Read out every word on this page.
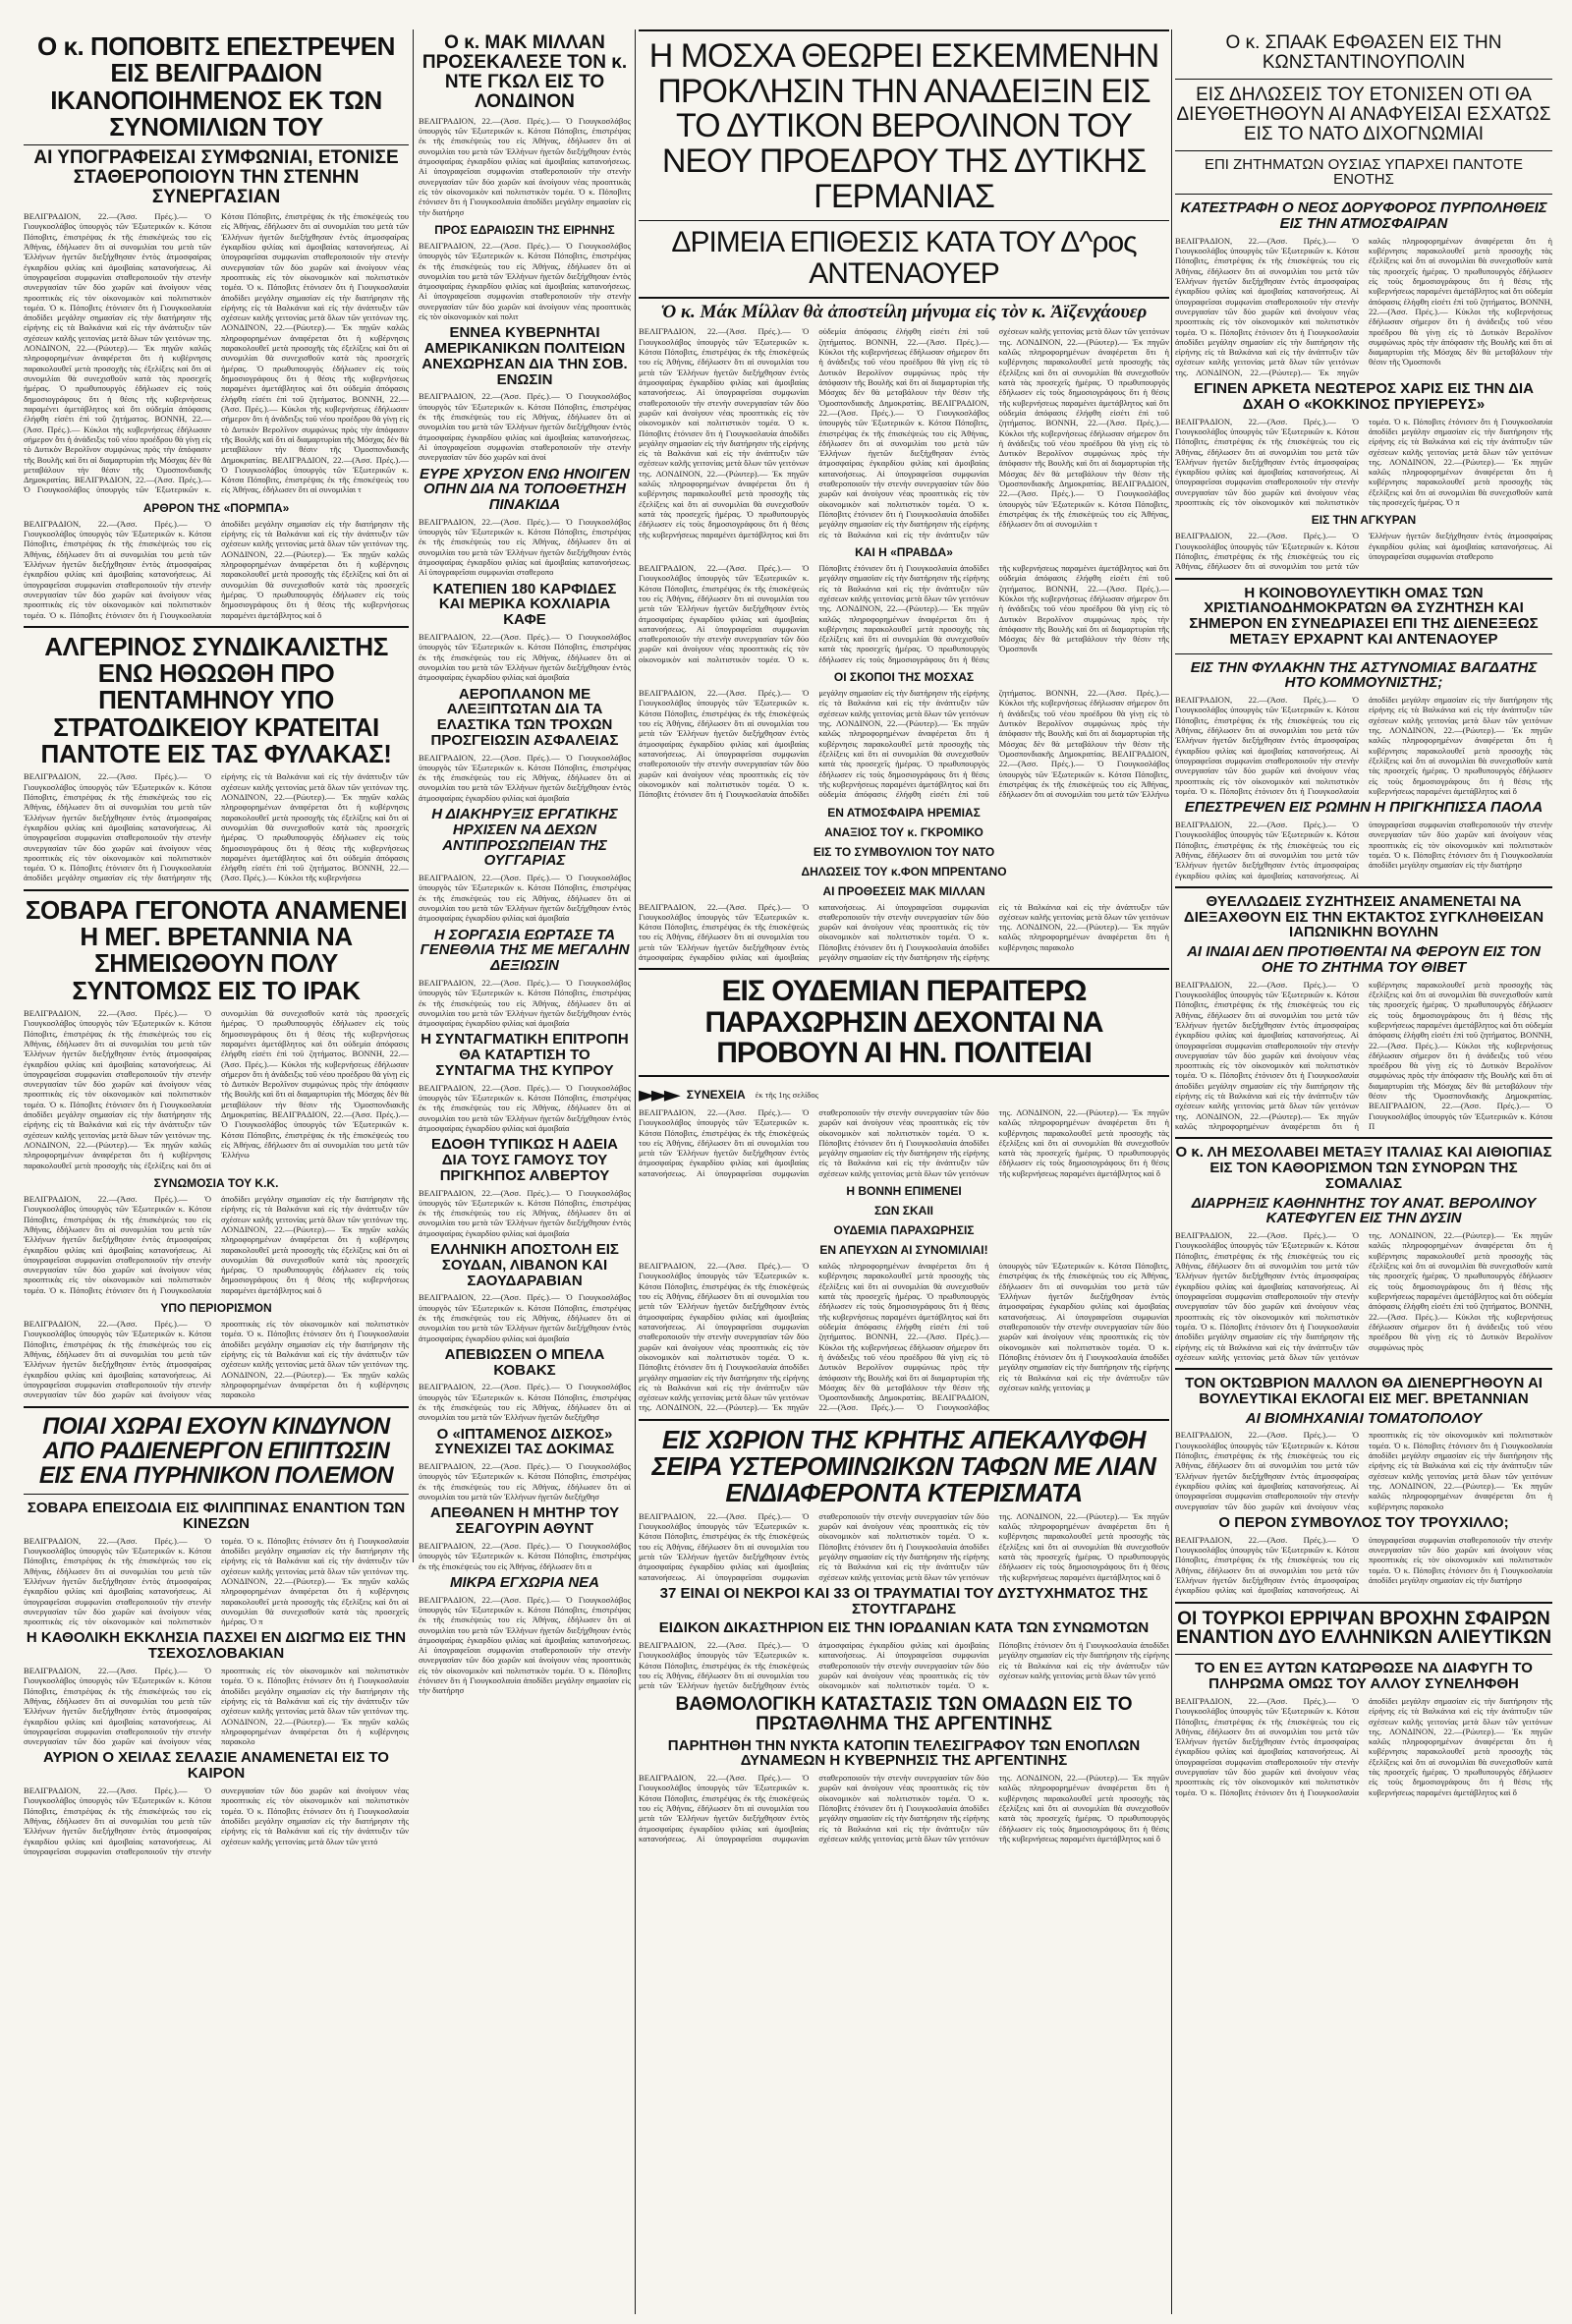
Ο κ. ΠΟΠΟΒΙΤΣ ΕΠΕΣΤΡΕΨΕΝ ΕΙΣ ΒΕΛΙΓΡΑΔΙΟΝ ΙΚΑΝΟΠΟΙΗΜΕΝΟΣ ΕΚ ΤΩΝ ΣΥΝΟΜΙΛΙΩΝ ΤΟΥ
ΑΙ ΥΠΟΓΡΑΦΕΙΣΑΙ ΣΥΜΦΩΝΙΑΙ, ΕΤΟΝΙΣΕ ΣΤΑΘΕΡΟΠΟΙΟΥΝ ΤΗΝ ΣΤΕΝΗΝ ΣΥΝΕΡΓΑΣΙΑΝ

ΒΕΛΙΓΡΑΔΙΟΝ, 22.—(Ἀσσ. Πρές.).— Ὁ Γιουγκοσλάβος ὑπουργὸς τῶν Ἐξωτερικῶν κ. Κότσα Πόποβιτς, ἐπιστρέψας ἐκ τῆς ἐπισκέψεώς του εἰς Ἀθήνας, ἐδήλωσεν ὅτι αἱ συνομιλίαι του μετὰ τῶν Ἑλλήνων ἡγετῶν διεξήχθησαν ἐντὸς ἀτμοσφαίρας ἐγκαρδίου φιλίας καὶ ἀμοιβαίας κατανοήσεως. Αἱ ὑπογραφεῖσαι συμφωνίαι σταθεροποιοῦν τὴν στενὴν συνεργασίαν τῶν δύο χωρῶν καὶ ἀνοίγουν νέας προοπτικὰς εἰς τὸν οἰκονομικὸν καὶ πολιτιστικὸν τομέα. Ὁ κ. Πόποβιτς ἐτόνισεν ὅτι ἡ Γιουγκοσλαυία ἀποδίδει μεγάλην σημασίαν εἰς τὴν διατήρησιν τῆς εἰρήνης εἰς τὰ Βαλκάνια καὶ εἰς τὴν ἀνάπτυξιν τῶν σχέσεων καλῆς γειτονίας μετὰ ὅλων τῶν γειτόνων της. ΛΟΝΔΙΝΟΝ, 22.—(Ρώυτερ).— Ἐκ πηγῶν καλῶς πληροφορημένων ἀναφέρεται ὅτι ἡ κυβέρνησις παρακολουθεῖ μετὰ προσοχῆς τὰς ἐξελίξεις καὶ ὅτι αἱ συνομιλίαι θὰ συνεχισθοῦν κατὰ τὰς προσεχεῖς ἡμέρας. Ὁ πρωθυπουργὸς ἐδήλωσεν εἰς τοὺς δημοσιογράφους ὅτι ἡ θέσις τῆς κυβερνήσεως παραμένει ἀμετάβλητος καὶ ὅτι οὐδεμία ἀπόφασις ἐλήφθη εἰσέτι ἐπὶ τοῦ ζητήματος. ΒΟΝΝΗ, 22.—(Ἀσσ. Πρές.).— Κύκλοι τῆς κυβερνήσεως ἐδήλωσαν σήμερον ὅτι ἡ ἀνάδειξις τοῦ νέου προέδρου θὰ γίνῃ εἰς τὸ Δυτικὸν Βερολῖνον συμφώνως πρὸς τὴν ἀπόφασιν τῆς Βουλῆς καὶ ὅτι αἱ διαμαρτυρίαι τῆς Μόσχας δὲν θὰ μεταβάλουν τὴν θέσιν τῆς Ὁμοσπονδιακῆς Δημοκρατίας. ΒΕΛΙΓΡΑΔΙΟΝ, 22.—(Ἀσσ. Πρές.).— Ὁ Γιουγκοσλάβος ὑπουργὸς τῶν Ἐξωτερικῶν κ. Κότσα Πόποβιτς, ἐπιστρέψας ἐκ τῆς ἐπισκέψεώς του εἰς Ἀθήνας, ἐδήλωσεν ὅτι αἱ συνομιλίαι του μετὰ τῶν Ἑλλήνων ἡγετῶν διεξήχθησαν ἐντὸς ἀτμοσφαίρας ἐγκαρδίου φιλίας καὶ ἀμοιβαίας κατανοήσεως. Αἱ ὑπογραφεῖσαι συμφωνίαι σταθεροποιοῦν τὴν στενὴν συνεργασίαν τῶν δύο χωρῶν καὶ ἀνοίγουν νέας προοπτικὰς εἰς τὸν οἰκονομικὸν καὶ πολιτιστικὸν τομέα. Ὁ κ. Πόποβιτς ἐτόνισεν ὅτι ἡ Γιουγκοσλαυία ἀποδίδει μεγάλην σημασίαν εἰς τὴν διατήρησιν τῆς εἰρήνης εἰς τὰ Βαλκάνια καὶ εἰς τὴν ἀνάπτυξιν τῶν σχέσεων καλῆς γειτονίας μετὰ ὅλων τῶν γειτόνων της. ΛΟΝΔΙΝΟΝ, 22.—(Ρώυτερ).— Ἐκ πηγῶν καλῶς πληροφορημένων ἀναφέρεται ὅτι ἡ κυβέρνησις παρακολουθεῖ μετὰ προσοχῆς τὰς ἐξελίξεις καὶ ὅτι αἱ συνομιλίαι θὰ συνεχισθοῦν κατὰ τὰς προσεχεῖς ἡμέρας. Ὁ πρωθυπουργὸς ἐδήλωσεν εἰς τοὺς δημοσιογράφους ὅτι ἡ θέσις τῆς κυβερνήσεως παραμένει ἀμετάβλητος καὶ ὅτι οὐδεμία ἀπόφασις ἐλήφθη εἰσέτι ἐπὶ τοῦ ζητήματος. ΒΟΝΝΗ, 22.—(Ἀσσ. Πρές.).— Κύκλοι τῆς κυβερνήσεως ἐδήλωσαν σήμερον ὅτι ἡ ἀνάδειξις τοῦ νέου προέδρου θὰ γίνῃ εἰς τὸ Δυτικὸν Βερολῖνον συμφώνως πρὸς τὴν ἀπόφασιν τῆς Βουλῆς καὶ ὅτι αἱ διαμαρτυρίαι τῆς Μόσχας δὲν θὰ μεταβάλουν τὴν θέσιν τῆς Ὁμοσπονδιακῆς Δημοκρατίας. ΒΕΛΙΓΡΑΔΙΟΝ, 22.—(Ἀσσ. Πρές.).— Ὁ Γιουγκοσλάβος ὑπουργὸς τῶν Ἐξωτερικῶν κ. Κότσα Πόποβιτς, ἐπιστρέψας ἐκ τῆς ἐπισκέψεώς του εἰς Ἀθήνας, ἐδήλωσεν ὅτι αἱ συνομιλίαι τ

ΑΡΘΡΟΝ ΤΗΣ «ΠΟΡΜΠΑ»

ΒΕΛΙΓΡΑΔΙΟΝ, 22.—(Ἀσσ. Πρές.).— Ὁ Γιουγκοσλάβος ὑπουργὸς τῶν Ἐξωτερικῶν κ. Κότσα Πόποβιτς, ἐπιστρέψας ἐκ τῆς ἐπισκέψεώς του εἰς Ἀθήνας, ἐδήλωσεν ὅτι αἱ συνομιλίαι του μετὰ τῶν Ἑλλήνων ἡγετῶν διεξήχθησαν ἐντὸς ἀτμοσφαίρας ἐγκαρδίου φιλίας καὶ ἀμοιβαίας κατανοήσεως. Αἱ ὑπογραφεῖσαι συμφωνίαι σταθεροποιοῦν τὴν στενὴν συνεργασίαν τῶν δύο χωρῶν καὶ ἀνοίγουν νέας προοπτικὰς εἰς τὸν οἰκονομικὸν καὶ πολιτιστικὸν τομέα. Ὁ κ. Πόποβιτς ἐτόνισεν ὅτι ἡ Γιουγκοσλαυία ἀποδίδει μεγάλην σημασίαν εἰς τὴν διατήρησιν τῆς εἰρήνης εἰς τὰ Βαλκάνια καὶ εἰς τὴν ἀνάπτυξιν τῶν σχέσεων καλῆς γειτονίας μετὰ ὅλων τῶν γειτόνων της. ΛΟΝΔΙΝΟΝ, 22.—(Ρώυτερ).— Ἐκ πηγῶν καλῶς πληροφορημένων ἀναφέρεται ὅτι ἡ κυβέρνησις παρακολουθεῖ μετὰ προσοχῆς τὰς ἐξελίξεις καὶ ὅτι αἱ συνομιλίαι θὰ συνεχισθοῦν κατὰ τὰς προσεχεῖς ἡμέρας. Ὁ πρωθυπουργὸς ἐδήλωσεν εἰς τοὺς δημοσιογράφους ὅτι ἡ θέσις τῆς κυβερνήσεως παραμένει ἀμετάβλητος καὶ ὅ

ΑΛΓΕΡΙΝΟΣ ΣΥΝΔΙΚΑΛΙΣΤΗΣ ΕΝΩ ΗΘΩΩΘΗ ΠΡΟ ΠΕΝΤΑΜΗΝΟΥ ΥΠΟ ΣΤΡΑΤΟΔΙΚΕΙΟΥ ΚΡΑΤΕΙΤΑΙ ΠΑΝΤΟΤΕ ΕΙΣ ΤΑΣ ΦΥΛΑΚΑΣ!

ΒΕΛΙΓΡΑΔΙΟΝ, 22.—(Ἀσσ. Πρές.).— Ὁ Γιουγκοσλάβος ὑπουργὸς τῶν Ἐξωτερικῶν κ. Κότσα Πόποβιτς, ἐπιστρέψας ἐκ τῆς ἐπισκέψεώς του εἰς Ἀθήνας, ἐδήλωσεν ὅτι αἱ συνομιλίαι του μετὰ τῶν Ἑλλήνων ἡγετῶν διεξήχθησαν ἐντὸς ἀτμοσφαίρας ἐγκαρδίου φιλίας καὶ ἀμοιβαίας κατανοήσεως. Αἱ ὑπογραφεῖσαι συμφωνίαι σταθεροποιοῦν τὴν στενὴν συνεργασίαν τῶν δύο χωρῶν καὶ ἀνοίγουν νέας προοπτικὰς εἰς τὸν οἰκονομικὸν καὶ πολιτιστικὸν τομέα. Ὁ κ. Πόποβιτς ἐτόνισεν ὅτι ἡ Γιουγκοσλαυία ἀποδίδει μεγάλην σημασίαν εἰς τὴν διατήρησιν τῆς εἰρήνης εἰς τὰ Βαλκάνια καὶ εἰς τὴν ἀνάπτυξιν τῶν σχέσεων καλῆς γειτονίας μετὰ ὅλων τῶν γειτόνων της. ΛΟΝΔΙΝΟΝ, 22.—(Ρώυτερ).— Ἐκ πηγῶν καλῶς πληροφορημένων ἀναφέρεται ὅτι ἡ κυβέρνησις παρακολουθεῖ μετὰ προσοχῆς τὰς ἐξελίξεις καὶ ὅτι αἱ συνομιλίαι θὰ συνεχισθοῦν κατὰ τὰς προσεχεῖς ἡμέρας. Ὁ πρωθυπουργὸς ἐδήλωσεν εἰς τοὺς δημοσιογράφους ὅτι ἡ θέσις τῆς κυβερνήσεως παραμένει ἀμετάβλητος καὶ ὅτι οὐδεμία ἀπόφασις ἐλήφθη εἰσέτι ἐπὶ τοῦ ζητήματος. ΒΟΝΝΗ, 22.—(Ἀσσ. Πρές.).— Κύκλοι τῆς κυβερνήσεω

ΣΟΒΑΡΑ ΓΕΓΟΝΟΤΑ ΑΝΑΜΕΝΕΙ Η ΜΕΓ. ΒΡΕΤΑΝΝΙΑ ΝΑ ΣΗΜΕΙΩΘΟΥΝ ΠΟΛΥ ΣΥΝΤΟΜΩΣ ΕΙΣ ΤΟ ΙΡΑΚ

ΒΕΛΙΓΡΑΔΙΟΝ, 22.—(Ἀσσ. Πρές.).— Ὁ Γιουγκοσλάβος ὑπουργὸς τῶν Ἐξωτερικῶν κ. Κότσα Πόποβιτς, ἐπιστρέψας ἐκ τῆς ἐπισκέψεώς του εἰς Ἀθήνας, ἐδήλωσεν ὅτι αἱ συνομιλίαι του μετὰ τῶν Ἑλλήνων ἡγετῶν διεξήχθησαν ἐντὸς ἀτμοσφαίρας ἐγκαρδίου φιλίας καὶ ἀμοιβαίας κατανοήσεως. Αἱ ὑπογραφεῖσαι συμφωνίαι σταθεροποιοῦν τὴν στενὴν συνεργασίαν τῶν δύο χωρῶν καὶ ἀνοίγουν νέας προοπτικὰς εἰς τὸν οἰκονομικὸν καὶ πολιτιστικὸν τομέα. Ὁ κ. Πόποβιτς ἐτόνισεν ὅτι ἡ Γιουγκοσλαυία ἀποδίδει μεγάλην σημασίαν εἰς τὴν διατήρησιν τῆς εἰρήνης εἰς τὰ Βαλκάνια καὶ εἰς τὴν ἀνάπτυξιν τῶν σχέσεων καλῆς γειτονίας μετὰ ὅλων τῶν γειτόνων της. ΛΟΝΔΙΝΟΝ, 22.—(Ρώυτερ).— Ἐκ πηγῶν καλῶς πληροφορημένων ἀναφέρεται ὅτι ἡ κυβέρνησις παρακολουθεῖ μετὰ προσοχῆς τὰς ἐξελίξεις καὶ ὅτι αἱ συνομιλίαι θὰ συνεχισθοῦν κατὰ τὰς προσεχεῖς ἡμέρας. Ὁ πρωθυπουργὸς ἐδήλωσεν εἰς τοὺς δημοσιογράφους ὅτι ἡ θέσις τῆς κυβερνήσεως παραμένει ἀμετάβλητος καὶ ὅτι οὐδεμία ἀπόφασις ἐλήφθη εἰσέτι ἐπὶ τοῦ ζητήματος. ΒΟΝΝΗ, 22.—(Ἀσσ. Πρές.).— Κύκλοι τῆς κυβερνήσεως ἐδήλωσαν σήμερον ὅτι ἡ ἀνάδειξις τοῦ νέου προέδρου θὰ γίνῃ εἰς τὸ Δυτικὸν Βερολῖνον συμφώνως πρὸς τὴν ἀπόφασιν τῆς Βουλῆς καὶ ὅτι αἱ διαμαρτυρίαι τῆς Μόσχας δὲν θὰ μεταβάλουν τὴν θέσιν τῆς Ὁμοσπονδιακῆς Δημοκρατίας. ΒΕΛΙΓΡΑΔΙΟΝ, 22.—(Ἀσσ. Πρές.).— Ὁ Γιουγκοσλάβος ὑπουργὸς τῶν Ἐξωτερικῶν κ. Κότσα Πόποβιτς, ἐπιστρέψας ἐκ τῆς ἐπισκέψεώς του εἰς Ἀθήνας, ἐδήλωσεν ὅτι αἱ συνομιλίαι του μετὰ τῶν Ἑλλήνω

ΣΥΝΩΜΟΣΙΑ ΤΟΥ Κ.Κ.

ΒΕΛΙΓΡΑΔΙΟΝ, 22.—(Ἀσσ. Πρές.).— Ὁ Γιουγκοσλάβος ὑπουργὸς τῶν Ἐξωτερικῶν κ. Κότσα Πόποβιτς, ἐπιστρέψας ἐκ τῆς ἐπισκέψεώς του εἰς Ἀθήνας, ἐδήλωσεν ὅτι αἱ συνομιλίαι του μετὰ τῶν Ἑλλήνων ἡγετῶν διεξήχθησαν ἐντὸς ἀτμοσφαίρας ἐγκαρδίου φιλίας καὶ ἀμοιβαίας κατανοήσεως. Αἱ ὑπογραφεῖσαι συμφωνίαι σταθεροποιοῦν τὴν στενὴν συνεργασίαν τῶν δύο χωρῶν καὶ ἀνοίγουν νέας προοπτικὰς εἰς τὸν οἰκονομικὸν καὶ πολιτιστικὸν τομέα. Ὁ κ. Πόποβιτς ἐτόνισεν ὅτι ἡ Γιουγκοσλαυία ἀποδίδει μεγάλην σημασίαν εἰς τὴν διατήρησιν τῆς εἰρήνης εἰς τὰ Βαλκάνια καὶ εἰς τὴν ἀνάπτυξιν τῶν σχέσεων καλῆς γειτονίας μετὰ ὅλων τῶν γειτόνων της. ΛΟΝΔΙΝΟΝ, 22.—(Ρώυτερ).— Ἐκ πηγῶν καλῶς πληροφορημένων ἀναφέρεται ὅτι ἡ κυβέρνησις παρακολουθεῖ μετὰ προσοχῆς τὰς ἐξελίξεις καὶ ὅτι αἱ συνομιλίαι θὰ συνεχισθοῦν κατὰ τὰς προσεχεῖς ἡμέρας. Ὁ πρωθυπουργὸς ἐδήλωσεν εἰς τοὺς δημοσιογράφους ὅτι ἡ θέσις τῆς κυβερνήσεως παραμένει ἀμετάβλητος καὶ ὅ

ΥΠΟ ΠΕΡΙΟΡΙΣΜΟΝ

ΒΕΛΙΓΡΑΔΙΟΝ, 22.—(Ἀσσ. Πρές.).— Ὁ Γιουγκοσλάβος ὑπουργὸς τῶν Ἐξωτερικῶν κ. Κότσα Πόποβιτς, ἐπιστρέψας ἐκ τῆς ἐπισκέψεώς του εἰς Ἀθήνας, ἐδήλωσεν ὅτι αἱ συνομιλίαι του μετὰ τῶν Ἑλλήνων ἡγετῶν διεξήχθησαν ἐντὸς ἀτμοσφαίρας ἐγκαρδίου φιλίας καὶ ἀμοιβαίας κατανοήσεως. Αἱ ὑπογραφεῖσαι συμφωνίαι σταθεροποιοῦν τὴν στενὴν συνεργασίαν τῶν δύο χωρῶν καὶ ἀνοίγουν νέας προοπτικὰς εἰς τὸν οἰκονομικὸν καὶ πολιτιστικὸν τομέα. Ὁ κ. Πόποβιτς ἐτόνισεν ὅτι ἡ Γιουγκοσλαυία ἀποδίδει μεγάλην σημασίαν εἰς τὴν διατήρησιν τῆς εἰρήνης εἰς τὰ Βαλκάνια καὶ εἰς τὴν ἀνάπτυξιν τῶν σχέσεων καλῆς γειτονίας μετὰ ὅλων τῶν γειτόνων της. ΛΟΝΔΙΝΟΝ, 22.—(Ρώυτερ).— Ἐκ πηγῶν καλῶς πληροφορημένων ἀναφέρεται ὅτι ἡ κυβέρνησις παρακολο

ΠΟΙΑΙ ΧΩΡΑΙ ΕΧΟΥΝ ΚΙΝΔΥΝΟΝ ΑΠΟ ΡΑΔΙΕΝΕΡΓΟΝ ΕΠΙΠΤΩΣΙΝ ΕΙΣ ΕΝΑ ΠΥΡΗΝΙΚΟΝ ΠΟΛΕΜΟΝ
ΣΟΒΑΡΑ ΕΠΕΙΣΟΔΙΑ ΕΙΣ ΦΙΛΙΠΠΙΝΑΣ ΕΝΑΝΤΙΟΝ ΤΩΝ ΚΙΝΕΖΩΝ

ΒΕΛΙΓΡΑΔΙΟΝ, 22.—(Ἀσσ. Πρές.).— Ὁ Γιουγκοσλάβος ὑπουργὸς τῶν Ἐξωτερικῶν κ. Κότσα Πόποβιτς, ἐπιστρέψας ἐκ τῆς ἐπισκέψεώς του εἰς Ἀθήνας, ἐδήλωσεν ὅτι αἱ συνομιλίαι του μετὰ τῶν Ἑλλήνων ἡγετῶν διεξήχθησαν ἐντὸς ἀτμοσφαίρας ἐγκαρδίου φιλίας καὶ ἀμοιβαίας κατανοήσεως. Αἱ ὑπογραφεῖσαι συμφωνίαι σταθεροποιοῦν τὴν στενὴν συνεργασίαν τῶν δύο χωρῶν καὶ ἀνοίγουν νέας προοπτικὰς εἰς τὸν οἰκονομικὸν καὶ πολιτιστικὸν τομέα. Ὁ κ. Πόποβιτς ἐτόνισεν ὅτι ἡ Γιουγκοσλαυία ἀποδίδει μεγάλην σημασίαν εἰς τὴν διατήρησιν τῆς εἰρήνης εἰς τὰ Βαλκάνια καὶ εἰς τὴν ἀνάπτυξιν τῶν σχέσεων καλῆς γειτονίας μετὰ ὅλων τῶν γειτόνων της. ΛΟΝΔΙΝΟΝ, 22.—(Ρώυτερ).— Ἐκ πηγῶν καλῶς πληροφορημένων ἀναφέρεται ὅτι ἡ κυβέρνησις παρακολουθεῖ μετὰ προσοχῆς τὰς ἐξελίξεις καὶ ὅτι αἱ συνομιλίαι θὰ συνεχισθοῦν κατὰ τὰς προσεχεῖς ἡμέρας. Ὁ π

Η ΚΑΘΟΛΙΚΗ ΕΚΚΛΗΣΙΑ ΠΑΣΧΕΙ ΕΝ ΔΙΩΓΜΩ ΕΙΣ ΤΗΝ ΤΣΕΧΟΣΛΟΒΑΚΙΑΝ

ΒΕΛΙΓΡΑΔΙΟΝ, 22.—(Ἀσσ. Πρές.).— Ὁ Γιουγκοσλάβος ὑπουργὸς τῶν Ἐξωτερικῶν κ. Κότσα Πόποβιτς, ἐπιστρέψας ἐκ τῆς ἐπισκέψεώς του εἰς Ἀθήνας, ἐδήλωσεν ὅτι αἱ συνομιλίαι του μετὰ τῶν Ἑλλήνων ἡγετῶν διεξήχθησαν ἐντὸς ἀτμοσφαίρας ἐγκαρδίου φιλίας καὶ ἀμοιβαίας κατανοήσεως. Αἱ ὑπογραφεῖσαι συμφωνίαι σταθεροποιοῦν τὴν στενὴν συνεργασίαν τῶν δύο χωρῶν καὶ ἀνοίγουν νέας προοπτικὰς εἰς τὸν οἰκονομικὸν καὶ πολιτιστικὸν τομέα. Ὁ κ. Πόποβιτς ἐτόνισεν ὅτι ἡ Γιουγκοσλαυία ἀποδίδει μεγάλην σημασίαν εἰς τὴν διατήρησιν τῆς εἰρήνης εἰς τὰ Βαλκάνια καὶ εἰς τὴν ἀνάπτυξιν τῶν σχέσεων καλῆς γειτονίας μετὰ ὅλων τῶν γειτόνων της. ΛΟΝΔΙΝΟΝ, 22.—(Ρώυτερ).— Ἐκ πηγῶν καλῶς πληροφορημένων ἀναφέρεται ὅτι ἡ κυβέρνησις παρακολο

ΑΥΡΙΟΝ Ο ΧΕΙΛΑΣ ΣΕΛΑΣΙΕ ΑΝΑΜΕΝΕΤΑΙ ΕΙΣ ΤΟ ΚΑΙΡΟΝ

ΒΕΛΙΓΡΑΔΙΟΝ, 22.—(Ἀσσ. Πρές.).— Ὁ Γιουγκοσλάβος ὑπουργὸς τῶν Ἐξωτερικῶν κ. Κότσα Πόποβιτς, ἐπιστρέψας ἐκ τῆς ἐπισκέψεώς του εἰς Ἀθήνας, ἐδήλωσεν ὅτι αἱ συνομιλίαι του μετὰ τῶν Ἑλλήνων ἡγετῶν διεξήχθησαν ἐντὸς ἀτμοσφαίρας ἐγκαρδίου φιλίας καὶ ἀμοιβαίας κατανοήσεως. Αἱ ὑπογραφεῖσαι συμφωνίαι σταθεροποιοῦν τὴν στενὴν συνεργασίαν τῶν δύο χωρῶν καὶ ἀνοίγουν νέας προοπτικὰς εἰς τὸν οἰκονομικὸν καὶ πολιτιστικὸν τομέα. Ὁ κ. Πόποβιτς ἐτόνισεν ὅτι ἡ Γιουγκοσλαυία ἀποδίδει μεγάλην σημασίαν εἰς τὴν διατήρησιν τῆς εἰρήνης εἰς τὰ Βαλκάνια καὶ εἰς τὴν ἀνάπτυξιν τῶν σχέσεων καλῆς γειτονίας μετὰ ὅλων τῶν γειτό

Ο κ. ΜΑΚ ΜΙΛΛΑΝ ΠΡΟΣΕΚΑΛΕΣΕ ΤΟΝ κ. ΝΤΕ ΓΚΩΛ ΕΙΣ ΤΟ ΛΟΝΔΙΝΟΝ

ΒΕΛΙΓΡΑΔΙΟΝ, 22.—(Ἀσσ. Πρές.).— Ὁ Γιουγκοσλάβος ὑπουργὸς τῶν Ἐξωτερικῶν κ. Κότσα Πόποβιτς, ἐπιστρέψας ἐκ τῆς ἐπισκέψεώς του εἰς Ἀθήνας, ἐδήλωσεν ὅτι αἱ συνομιλίαι του μετὰ τῶν Ἑλλήνων ἡγετῶν διεξήχθησαν ἐντὸς ἀτμοσφαίρας ἐγκαρδίου φιλίας καὶ ἀμοιβαίας κατανοήσεως. Αἱ ὑπογραφεῖσαι συμφωνίαι σταθεροποιοῦν τὴν στενὴν συνεργασίαν τῶν δύο χωρῶν καὶ ἀνοίγουν νέας προοπτικὰς εἰς τὸν οἰκονομικὸν καὶ πολιτιστικὸν τομέα. Ὁ κ. Πόποβιτς ἐτόνισεν ὅτι ἡ Γιουγκοσλαυία ἀποδίδει μεγάλην σημασίαν εἰς τὴν διατήρησ

ΠΡΟΣ ΕΔΡΑΙΩΣΙΝ ΤΗΣ ΕΙΡΗΝΗΣ

ΒΕΛΙΓΡΑΔΙΟΝ, 22.—(Ἀσσ. Πρές.).— Ὁ Γιουγκοσλάβος ὑπουργὸς τῶν Ἐξωτερικῶν κ. Κότσα Πόποβιτς, ἐπιστρέψας ἐκ τῆς ἐπισκέψεώς του εἰς Ἀθήνας, ἐδήλωσεν ὅτι αἱ συνομιλίαι του μετὰ τῶν Ἑλλήνων ἡγετῶν διεξήχθησαν ἐντὸς ἀτμοσφαίρας ἐγκαρδίου φιλίας καὶ ἀμοιβαίας κατανοήσεως. Αἱ ὑπογραφεῖσαι συμφωνίαι σταθεροποιοῦν τὴν στενὴν συνεργασίαν τῶν δύο χωρῶν καὶ ἀνοίγουν νέας προοπτικὰς εἰς τὸν οἰκονομικὸν καὶ πολιτ

ΕΝΝΕΑ ΚΥΒΕΡΝΗΤΑΙ ΑΜΕΡΙΚΑΝΙΚΩΝ ΠΟΛΙΤΕΙΩΝ ΑΝΕΧΩΡΗΣΑΝ ΔΙΑ ΤΗΝ ΣΟΒ. ΕΝΩΣΙΝ

ΒΕΛΙΓΡΑΔΙΟΝ, 22.—(Ἀσσ. Πρές.).— Ὁ Γιουγκοσλάβος ὑπουργὸς τῶν Ἐξωτερικῶν κ. Κότσα Πόποβιτς, ἐπιστρέψας ἐκ τῆς ἐπισκέψεώς του εἰς Ἀθήνας, ἐδήλωσεν ὅτι αἱ συνομιλίαι του μετὰ τῶν Ἑλλήνων ἡγετῶν διεξήχθησαν ἐντὸς ἀτμοσφαίρας ἐγκαρδίου φιλίας καὶ ἀμοιβαίας κατανοήσεως. Αἱ ὑπογραφεῖσαι συμφωνίαι σταθεροποιοῦν τὴν στενὴν συνεργασίαν τῶν δύο χωρῶν καὶ ἀνοί

ΕΥΡΕ ΧΡΥΣΟΝ ΕΝΩ ΗΝΟΙΓΕΝ ΟΠΗΝ ΔΙΑ ΝΑ ΤΟΠΟΘΕΤΗΣΗ ΠΙΝΑΚΙΔΑ

ΒΕΛΙΓΡΑΔΙΟΝ, 22.—(Ἀσσ. Πρές.).— Ὁ Γιουγκοσλάβος ὑπουργὸς τῶν Ἐξωτερικῶν κ. Κότσα Πόποβιτς, ἐπιστρέψας ἐκ τῆς ἐπισκέψεώς του εἰς Ἀθήνας, ἐδήλωσεν ὅτι αἱ συνομιλίαι του μετὰ τῶν Ἑλλήνων ἡγετῶν διεξήχθησαν ἐντὸς ἀτμοσφαίρας ἐγκαρδίου φιλίας καὶ ἀμοιβαίας κατανοήσεως. Αἱ ὑπογραφεῖσαι συμφωνίαι σταθεροπο

ΚΑΤΕΠΙΕΝ 180 ΚΑΡΦΙΔΕΣ ΚΑΙ ΜΕΡΙΚΑ ΚΟΧΛΙΑΡΙΑ ΚΑΦΕ

ΒΕΛΙΓΡΑΔΙΟΝ, 22.—(Ἀσσ. Πρές.).— Ὁ Γιουγκοσλάβος ὑπουργὸς τῶν Ἐξωτερικῶν κ. Κότσα Πόποβιτς, ἐπιστρέψας ἐκ τῆς ἐπισκέψεώς του εἰς Ἀθήνας, ἐδήλωσεν ὅτι αἱ συνομιλίαι του μετὰ τῶν Ἑλλήνων ἡγετῶν διεξήχθησαν ἐντὸς ἀτμοσφαίρας ἐγκαρδίου φιλίας καὶ ἀμοιβαία

ΑΕΡΟΠΛΑΝΟΝ ΜΕ ΑΛΕΞΙΠΤΩΤΑΝ ΔΙΑ ΤΑ ΕΛΑΣΤΙΚΑ ΤΩΝ ΤΡΟΧΩΝ ΠΡΟΣΓΕΙΩΣΙΝ ΑΣΦΑΛΕΙΑΣ

ΒΕΛΙΓΡΑΔΙΟΝ, 22.—(Ἀσσ. Πρές.).— Ὁ Γιουγκοσλάβος ὑπουργὸς τῶν Ἐξωτερικῶν κ. Κότσα Πόποβιτς, ἐπιστρέψας ἐκ τῆς ἐπισκέψεώς του εἰς Ἀθήνας, ἐδήλωσεν ὅτι αἱ συνομιλίαι του μετὰ τῶν Ἑλλήνων ἡγετῶν διεξήχθησαν ἐντὸς ἀτμοσφαίρας ἐγκαρδίου φιλίας καὶ ἀμοιβαία

Η ΔΙΑΚΗΡΥΞΙΣ ΕΡΓΑΤΙΚΗΣ ΗΡΧΙΣΕΝ ΝΑ ΔΕΧΩΝ ΑΝΤΙΠΡΟΣΩΠΕΙΑΝ ΤΗΣ ΟΥΓΓΑΡΙΑΣ

ΒΕΛΙΓΡΑΔΙΟΝ, 22.—(Ἀσσ. Πρές.).— Ὁ Γιουγκοσλάβος ὑπουργὸς τῶν Ἐξωτερικῶν κ. Κότσα Πόποβιτς, ἐπιστρέψας ἐκ τῆς ἐπισκέψεώς του εἰς Ἀθήνας, ἐδήλωσεν ὅτι αἱ συνομιλίαι του μετὰ τῶν Ἑλλήνων ἡγετῶν διεξήχθησαν ἐντὸς ἀτμοσφαίρας ἐγκαρδίου φιλίας καὶ ἀμοιβαία

Η ΣΟΡΓΑΣΙΑ ΕΩΡΤΑΣΕ ΤΑ ΓΕΝΕΘΛΙΑ ΤΗΣ ΜΕ ΜΕΓΑΛΗΝ ΔΕΞΙΩΣΙΝ

ΒΕΛΙΓΡΑΔΙΟΝ, 22.—(Ἀσσ. Πρές.).— Ὁ Γιουγκοσλάβος ὑπουργὸς τῶν Ἐξωτερικῶν κ. Κότσα Πόποβιτς, ἐπιστρέψας ἐκ τῆς ἐπισκέψεώς του εἰς Ἀθήνας, ἐδήλωσεν ὅτι αἱ συνομιλίαι του μετὰ τῶν Ἑλλήνων ἡγετῶν διεξήχθησαν ἐντὸς ἀτμοσφαίρας ἐγκαρδίου φιλίας καὶ ἀμοιβαία

Η ΣΥΝΤΑΓΜΑΤΙΚΗ ΕΠΙΤΡΟΠΗ ΘΑ ΚΑΤΑΡΤΙΣΗ ΤΟ ΣΥΝΤΑΓΜΑ ΤΗΣ ΚΥΠΡΟΥ

ΒΕΛΙΓΡΑΔΙΟΝ, 22.—(Ἀσσ. Πρές.).— Ὁ Γιουγκοσλάβος ὑπουργὸς τῶν Ἐξωτερικῶν κ. Κότσα Πόποβιτς, ἐπιστρέψας ἐκ τῆς ἐπισκέψεώς του εἰς Ἀθήνας, ἐδήλωσεν ὅτι αἱ συνομιλίαι του μετὰ τῶν Ἑλλήνων ἡγετῶν διεξήχθησαν ἐντὸς ἀτμοσφαίρας ἐγκαρδίου φιλίας καὶ ἀμοιβαία

ΕΔΟΘΗ ΤΥΠΙΚΩΣ Η ΑΔΕΙΑ ΔΙΑ ΤΟΥΣ ΓΑΜΟΥΣ ΤΟΥ ΠΡΙΓΚΗΠΟΣ ΑΛΒΕΡΤΟΥ

ΒΕΛΙΓΡΑΔΙΟΝ, 22.—(Ἀσσ. Πρές.).— Ὁ Γιουγκοσλάβος ὑπουργὸς τῶν Ἐξωτερικῶν κ. Κότσα Πόποβιτς, ἐπιστρέψας ἐκ τῆς ἐπισκέψεώς του εἰς Ἀθήνας, ἐδήλωσεν ὅτι αἱ συνομιλίαι του μετὰ τῶν Ἑλλήνων ἡγετῶν διεξήχθησαν ἐντὸς ἀτμοσφαίρας ἐγκαρδίου φιλίας καὶ ἀμοιβαία

ΕΛΛΗΝΙΚΗ ΑΠΟΣΤΟΛΗ ΕΙΣ ΣΟΥΔΑΝ, ΛΙΒΑΝΟΝ ΚΑΙ ΣΑΟΥΔΑΡΑΒΙΑΝ

ΒΕΛΙΓΡΑΔΙΟΝ, 22.—(Ἀσσ. Πρές.).— Ὁ Γιουγκοσλάβος ὑπουργὸς τῶν Ἐξωτερικῶν κ. Κότσα Πόποβιτς, ἐπιστρέψας ἐκ τῆς ἐπισκέψεώς του εἰς Ἀθήνας, ἐδήλωσεν ὅτι αἱ συνομιλίαι του μετὰ τῶν Ἑλλήνων ἡγετῶν διεξήχθησαν ἐντὸς ἀτμοσφαίρας ἐγκαρδίου φιλίας καὶ ἀμοιβαία

ΑΠΕΒΙΩΣΕΝ Ο ΜΠΕΛΑ ΚΟΒΑΚΣ

ΒΕΛΙΓΡΑΔΙΟΝ, 22.—(Ἀσσ. Πρές.).— Ὁ Γιουγκοσλάβος ὑπουργὸς τῶν Ἐξωτερικῶν κ. Κότσα Πόποβιτς, ἐπιστρέψας ἐκ τῆς ἐπισκέψεώς του εἰς Ἀθήνας, ἐδήλωσεν ὅτι αἱ συνομιλίαι του μετὰ τῶν Ἑλλήνων ἡγετῶν διεξήχθησ

Ο «ΙΠΤΑΜΕΝΟΣ ΔΙΣΚΟΣ» ΣΥΝΕΧΙΖΕΙ ΤΑΣ ΔΟΚΙΜΑΣ

ΒΕΛΙΓΡΑΔΙΟΝ, 22.—(Ἀσσ. Πρές.).— Ὁ Γιουγκοσλάβος ὑπουργὸς τῶν Ἐξωτερικῶν κ. Κότσα Πόποβιτς, ἐπιστρέψας ἐκ τῆς ἐπισκέψεώς του εἰς Ἀθήνας, ἐδήλωσεν ὅτι αἱ συνομιλίαι του μετὰ τῶν Ἑλλήνων ἡγετῶν διεξήχθησ

ΑΠΕΘΑΝΕΝ Η ΜΗΤΗΡ ΤΟΥ ΣΕΑΓΟΥΡΙΝ ΑΘΥΝΤ

ΒΕΛΙΓΡΑΔΙΟΝ, 22.—(Ἀσσ. Πρές.).— Ὁ Γιουγκοσλάβος ὑπουργὸς τῶν Ἐξωτερικῶν κ. Κότσα Πόποβιτς, ἐπιστρέψας ἐκ τῆς ἐπισκέψεώς του εἰς Ἀθήνας, ἐδήλωσεν ὅτι α

ΜΙΚΡΑ ΕΓΧΩΡΙΑ ΝΕΑ

ΒΕΛΙΓΡΑΔΙΟΝ, 22.—(Ἀσσ. Πρές.).— Ὁ Γιουγκοσλάβος ὑπουργὸς τῶν Ἐξωτερικῶν κ. Κότσα Πόποβιτς, ἐπιστρέψας ἐκ τῆς ἐπισκέψεώς του εἰς Ἀθήνας, ἐδήλωσεν ὅτι αἱ συνομιλίαι του μετὰ τῶν Ἑλλήνων ἡγετῶν διεξήχθησαν ἐντὸς ἀτμοσφαίρας ἐγκαρδίου φιλίας καὶ ἀμοιβαίας κατανοήσεως. Αἱ ὑπογραφεῖσαι συμφωνίαι σταθεροποιοῦν τὴν στενὴν συνεργασίαν τῶν δύο χωρῶν καὶ ἀνοίγουν νέας προοπτικὰς εἰς τὸν οἰκονομικὸν καὶ πολιτιστικὸν τομέα. Ὁ κ. Πόποβιτς ἐτόνισεν ὅτι ἡ Γιουγκοσλαυία ἀποδίδει μεγάλην σημασίαν εἰς τὴν διατήρησ

Η ΜΟΣΧΑ ΘΕΩΡΕΙ ΕΣΚΕΜΜΕΝΗΝ ΠΡΟΚΛΗΣΙΝ ΤΗΝ ΑΝΑΔΕΙΞΙΝ ΕΙΣ ΤΟ ΔΥΤΙΚΟΝ ΒΕΡΟΛΙΝΟΝ ΤΟΥ ΝΕΟΥ ΠΡΟΕΔΡΟΥ ΤΗΣ ΔΥΤΙΚΗΣ ΓΕΡΜΑΝΙΑΣ
ΔΡΙΜΕΙΑ ΕΠΙΘΕΣΙΣ ΚΑΤΑ ΤΟΥ Δ^ρος ΑΝΤΕΝΑΟΥΕΡ
Ὁ κ. Μάκ Μίλλαν θὰ ἀποστείλη μήνυμα εἰς τὸν κ. Ἀϊζενχάουερ

ΒΕΛΙΓΡΑΔΙΟΝ, 22.—(Ἀσσ. Πρές.).— Ὁ Γιουγκοσλάβος ὑπουργὸς τῶν Ἐξωτερικῶν κ. Κότσα Πόποβιτς, ἐπιστρέψας ἐκ τῆς ἐπισκέψεώς του εἰς Ἀθήνας, ἐδήλωσεν ὅτι αἱ συνομιλίαι του μετὰ τῶν Ἑλλήνων ἡγετῶν διεξήχθησαν ἐντὸς ἀτμοσφαίρας ἐγκαρδίου φιλίας καὶ ἀμοιβαίας κατανοήσεως. Αἱ ὑπογραφεῖσαι συμφωνίαι σταθεροποιοῦν τὴν στενὴν συνεργασίαν τῶν δύο χωρῶν καὶ ἀνοίγουν νέας προοπτικὰς εἰς τὸν οἰκονομικὸν καὶ πολιτιστικὸν τομέα. Ὁ κ. Πόποβιτς ἐτόνισεν ὅτι ἡ Γιουγκοσλαυία ἀποδίδει μεγάλην σημασίαν εἰς τὴν διατήρησιν τῆς εἰρήνης εἰς τὰ Βαλκάνια καὶ εἰς τὴν ἀνάπτυξιν τῶν σχέσεων καλῆς γειτονίας μετὰ ὅλων τῶν γειτόνων της. ΛΟΝΔΙΝΟΝ, 22.—(Ρώυτερ).— Ἐκ πηγῶν καλῶς πληροφορημένων ἀναφέρεται ὅτι ἡ κυβέρνησις παρακολουθεῖ μετὰ προσοχῆς τὰς ἐξελίξεις καὶ ὅτι αἱ συνομιλίαι θὰ συνεχισθοῦν κατὰ τὰς προσεχεῖς ἡμέρας. Ὁ πρωθυπουργὸς ἐδήλωσεν εἰς τοὺς δημοσιογράφους ὅτι ἡ θέσις τῆς κυβερνήσεως παραμένει ἀμετάβλητος καὶ ὅτι οὐδεμία ἀπόφασις ἐλήφθη εἰσέτι ἐπὶ τοῦ ζητήματος. ΒΟΝΝΗ, 22.—(Ἀσσ. Πρές.).— Κύκλοι τῆς κυβερνήσεως ἐδήλωσαν σήμερον ὅτι ἡ ἀνάδειξις τοῦ νέου προέδρου θὰ γίνῃ εἰς τὸ Δυτικὸν Βερολῖνον συμφώνως πρὸς τὴν ἀπόφασιν τῆς Βουλῆς καὶ ὅτι αἱ διαμαρτυρίαι τῆς Μόσχας δὲν θὰ μεταβάλουν τὴν θέσιν τῆς Ὁμοσπονδιακῆς Δημοκρατίας. ΒΕΛΙΓΡΑΔΙΟΝ, 22.—(Ἀσσ. Πρές.).— Ὁ Γιουγκοσλάβος ὑπουργὸς τῶν Ἐξωτερικῶν κ. Κότσα Πόποβιτς, ἐπιστρέψας ἐκ τῆς ἐπισκέψεώς του εἰς Ἀθήνας, ἐδήλωσεν ὅτι αἱ συνομιλίαι του μετὰ τῶν Ἑλλήνων ἡγετῶν διεξήχθησαν ἐντὸς ἀτμοσφαίρας ἐγκαρδίου φιλίας καὶ ἀμοιβαίας κατανοήσεως. Αἱ ὑπογραφεῖσαι συμφωνίαι σταθεροποιοῦν τὴν στενὴν συνεργασίαν τῶν δύο χωρῶν καὶ ἀνοίγουν νέας προοπτικὰς εἰς τὸν οἰκονομικὸν καὶ πολιτιστικὸν τομέα. Ὁ κ. Πόποβιτς ἐτόνισεν ὅτι ἡ Γιουγκοσλαυία ἀποδίδει μεγάλην σημασίαν εἰς τὴν διατήρησιν τῆς εἰρήνης εἰς τὰ Βαλκάνια καὶ εἰς τὴν ἀνάπτυξιν τῶν σχέσεων καλῆς γειτονίας μετὰ ὅλων τῶν γειτόνων της. ΛΟΝΔΙΝΟΝ, 22.—(Ρώυτερ).— Ἐκ πηγῶν καλῶς πληροφορημένων ἀναφέρεται ὅτι ἡ κυβέρνησις παρακολουθεῖ μετὰ προσοχῆς τὰς ἐξελίξεις καὶ ὅτι αἱ συνομιλίαι θὰ συνεχισθοῦν κατὰ τὰς προσεχεῖς ἡμέρας. Ὁ πρωθυπουργὸς ἐδήλωσεν εἰς τοὺς δημοσιογράφους ὅτι ἡ θέσις τῆς κυβερνήσεως παραμένει ἀμετάβλητος καὶ ὅτι οὐδεμία ἀπόφασις ἐλήφθη εἰσέτι ἐπὶ τοῦ ζητήματος. ΒΟΝΝΗ, 22.—(Ἀσσ. Πρές.).— Κύκλοι τῆς κυβερνήσεως ἐδήλωσαν σήμερον ὅτι ἡ ἀνάδειξις τοῦ νέου προέδρου θὰ γίνῃ εἰς τὸ Δυτικὸν Βερολῖνον συμφώνως πρὸς τὴν ἀπόφασιν τῆς Βουλῆς καὶ ὅτι αἱ διαμαρτυρίαι τῆς Μόσχας δὲν θὰ μεταβάλουν τὴν θέσιν τῆς Ὁμοσπονδιακῆς Δημοκρατίας. ΒΕΛΙΓΡΑΔΙΟΝ, 22.—(Ἀσσ. Πρές.).— Ὁ Γιουγκοσλάβος ὑπουργὸς τῶν Ἐξωτερικῶν κ. Κότσα Πόποβιτς, ἐπιστρέψας ἐκ τῆς ἐπισκέψεώς του εἰς Ἀθήνας, ἐδήλωσεν ὅτι αἱ συνομιλίαι τ

ΚΑΙ Η «ΠΡΑΒΔΑ»

ΒΕΛΙΓΡΑΔΙΟΝ, 22.—(Ἀσσ. Πρές.).— Ὁ Γιουγκοσλάβος ὑπουργὸς τῶν Ἐξωτερικῶν κ. Κότσα Πόποβιτς, ἐπιστρέψας ἐκ τῆς ἐπισκέψεώς του εἰς Ἀθήνας, ἐδήλωσεν ὅτι αἱ συνομιλίαι του μετὰ τῶν Ἑλλήνων ἡγετῶν διεξήχθησαν ἐντὸς ἀτμοσφαίρας ἐγκαρδίου φιλίας καὶ ἀμοιβαίας κατανοήσεως. Αἱ ὑπογραφεῖσαι συμφωνίαι σταθεροποιοῦν τὴν στενὴν συνεργασίαν τῶν δύο χωρῶν καὶ ἀνοίγουν νέας προοπτικὰς εἰς τὸν οἰκονομικὸν καὶ πολιτιστικὸν τομέα. Ὁ κ. Πόποβιτς ἐτόνισεν ὅτι ἡ Γιουγκοσλαυία ἀποδίδει μεγάλην σημασίαν εἰς τὴν διατήρησιν τῆς εἰρήνης εἰς τὰ Βαλκάνια καὶ εἰς τὴν ἀνάπτυξιν τῶν σχέσεων καλῆς γειτονίας μετὰ ὅλων τῶν γειτόνων της. ΛΟΝΔΙΝΟΝ, 22.—(Ρώυτερ).— Ἐκ πηγῶν καλῶς πληροφορημένων ἀναφέρεται ὅτι ἡ κυβέρνησις παρακολουθεῖ μετὰ προσοχῆς τὰς ἐξελίξεις καὶ ὅτι αἱ συνομιλίαι θὰ συνεχισθοῦν κατὰ τὰς προσεχεῖς ἡμέρας. Ὁ πρωθυπουργὸς ἐδήλωσεν εἰς τοὺς δημοσιογράφους ὅτι ἡ θέσις τῆς κυβερνήσεως παραμένει ἀμετάβλητος καὶ ὅτι οὐδεμία ἀπόφασις ἐλήφθη εἰσέτι ἐπὶ τοῦ ζητήματος. ΒΟΝΝΗ, 22.—(Ἀσσ. Πρές.).— Κύκλοι τῆς κυβερνήσεως ἐδήλωσαν σήμερον ὅτι ἡ ἀνάδειξις τοῦ νέου προέδρου θὰ γίνῃ εἰς τὸ Δυτικὸν Βερολῖνον συμφώνως πρὸς τὴν ἀπόφασιν τῆς Βουλῆς καὶ ὅτι αἱ διαμαρτυρίαι τῆς Μόσχας δὲν θὰ μεταβάλουν τὴν θέσιν τῆς Ὁμοσπονδι

ΟΙ ΣΚΟΠΟΙ ΤΗΣ ΜΟΣΧΑΣ

ΒΕΛΙΓΡΑΔΙΟΝ, 22.—(Ἀσσ. Πρές.).— Ὁ Γιουγκοσλάβος ὑπουργὸς τῶν Ἐξωτερικῶν κ. Κότσα Πόποβιτς, ἐπιστρέψας ἐκ τῆς ἐπισκέψεώς του εἰς Ἀθήνας, ἐδήλωσεν ὅτι αἱ συνομιλίαι του μετὰ τῶν Ἑλλήνων ἡγετῶν διεξήχθησαν ἐντὸς ἀτμοσφαίρας ἐγκαρδίου φιλίας καὶ ἀμοιβαίας κατανοήσεως. Αἱ ὑπογραφεῖσαι συμφωνίαι σταθεροποιοῦν τὴν στενὴν συνεργασίαν τῶν δύο χωρῶν καὶ ἀνοίγουν νέας προοπτικὰς εἰς τὸν οἰκονομικὸν καὶ πολιτιστικὸν τομέα. Ὁ κ. Πόποβιτς ἐτόνισεν ὅτι ἡ Γιουγκοσλαυία ἀποδίδει μεγάλην σημασίαν εἰς τὴν διατήρησιν τῆς εἰρήνης εἰς τὰ Βαλκάνια καὶ εἰς τὴν ἀνάπτυξιν τῶν σχέσεων καλῆς γειτονίας μετὰ ὅλων τῶν γειτόνων της. ΛΟΝΔΙΝΟΝ, 22.—(Ρώυτερ).— Ἐκ πηγῶν καλῶς πληροφορημένων ἀναφέρεται ὅτι ἡ κυβέρνησις παρακολουθεῖ μετὰ προσοχῆς τὰς ἐξελίξεις καὶ ὅτι αἱ συνομιλίαι θὰ συνεχισθοῦν κατὰ τὰς προσεχεῖς ἡμέρας. Ὁ πρωθυπουργὸς ἐδήλωσεν εἰς τοὺς δημοσιογράφους ὅτι ἡ θέσις τῆς κυβερνήσεως παραμένει ἀμετάβλητος καὶ ὅτι οὐδεμία ἀπόφασις ἐλήφθη εἰσέτι ἐπὶ τοῦ ζητήματος. ΒΟΝΝΗ, 22.—(Ἀσσ. Πρές.).— Κύκλοι τῆς κυβερνήσεως ἐδήλωσαν σήμερον ὅτι ἡ ἀνάδειξις τοῦ νέου προέδρου θὰ γίνῃ εἰς τὸ Δυτικὸν Βερολῖνον συμφώνως πρὸς τὴν ἀπόφασιν τῆς Βουλῆς καὶ ὅτι αἱ διαμαρτυρίαι τῆς Μόσχας δὲν θὰ μεταβάλουν τὴν θέσιν τῆς Ὁμοσπονδιακῆς Δημοκρατίας. ΒΕΛΙΓΡΑΔΙΟΝ, 22.—(Ἀσσ. Πρές.).— Ὁ Γιουγκοσλάβος ὑπουργὸς τῶν Ἐξωτερικῶν κ. Κότσα Πόποβιτς, ἐπιστρέψας ἐκ τῆς ἐπισκέψεώς του εἰς Ἀθήνας, ἐδήλωσεν ὅτι αἱ συνομιλίαι του μετὰ τῶν Ἑλλήνω

ΕΝ ΑΤΜΟΣΦΑΙΡΑ ΗΡΕΜΙΑΣ
ΑΝΑΞΙΟΣ ΤΟΥ κ. ΓΚΡΟΜΙΚΟ
ΕΙΣ ΤΟ ΣΥΜΒΟΥΛΙΟΝ ΤΟΥ ΝΑΤΟ
ΔΗΛΩΣΕΙΣ ΤΟΥ κ.ΦΟΝ ΜΠΡΕΝΤΑΝΟ
ΑΙ ΠΡΟΘΕΣΕΙΣ ΜΑΚ ΜΙΛΛΑΝ

ΒΕΛΙΓΡΑΔΙΟΝ, 22.—(Ἀσσ. Πρές.).— Ὁ Γιουγκοσλάβος ὑπουργὸς τῶν Ἐξωτερικῶν κ. Κότσα Πόποβιτς, ἐπιστρέψας ἐκ τῆς ἐπισκέψεώς του εἰς Ἀθήνας, ἐδήλωσεν ὅτι αἱ συνομιλίαι του μετὰ τῶν Ἑλλήνων ἡγετῶν διεξήχθησαν ἐντὸς ἀτμοσφαίρας ἐγκαρδίου φιλίας καὶ ἀμοιβαίας κατανοήσεως. Αἱ ὑπογραφεῖσαι συμφωνίαι σταθεροποιοῦν τὴν στενὴν συνεργασίαν τῶν δύο χωρῶν καὶ ἀνοίγουν νέας προοπτικὰς εἰς τὸν οἰκονομικὸν καὶ πολιτιστικὸν τομέα. Ὁ κ. Πόποβιτς ἐτόνισεν ὅτι ἡ Γιουγκοσλαυία ἀποδίδει μεγάλην σημασίαν εἰς τὴν διατήρησιν τῆς εἰρήνης εἰς τὰ Βαλκάνια καὶ εἰς τὴν ἀνάπτυξιν τῶν σχέσεων καλῆς γειτονίας μετὰ ὅλων τῶν γειτόνων της. ΛΟΝΔΙΝΟΝ, 22.—(Ρώυτερ).— Ἐκ πηγῶν καλῶς πληροφορημένων ἀναφέρεται ὅτι ἡ κυβέρνησις παρακολο

ΕΙΣ ΟΥΔΕΜΙΑΝ ΠΕΡΑΙΤΕΡΩ ΠΑΡΑΧΩΡΗΣΙΝ ΔΕΧΟΝΤΑΙ ΝΑ ΠΡΟΒΟΥΝ ΑΙ ΗΝ. ΠΟΛΙΤΕΙΑΙ
►►► ΣΥΝΕΧΕΙΑ ἐκ τῆς 1ης σελίδος

ΒΕΛΙΓΡΑΔΙΟΝ, 22.—(Ἀσσ. Πρές.).— Ὁ Γιουγκοσλάβος ὑπουργὸς τῶν Ἐξωτερικῶν κ. Κότσα Πόποβιτς, ἐπιστρέψας ἐκ τῆς ἐπισκέψεώς του εἰς Ἀθήνας, ἐδήλωσεν ὅτι αἱ συνομιλίαι του μετὰ τῶν Ἑλλήνων ἡγετῶν διεξήχθησαν ἐντὸς ἀτμοσφαίρας ἐγκαρδίου φιλίας καὶ ἀμοιβαίας κατανοήσεως. Αἱ ὑπογραφεῖσαι συμφωνίαι σταθεροποιοῦν τὴν στενὴν συνεργασίαν τῶν δύο χωρῶν καὶ ἀνοίγουν νέας προοπτικὰς εἰς τὸν οἰκονομικὸν καὶ πολιτιστικὸν τομέα. Ὁ κ. Πόποβιτς ἐτόνισεν ὅτι ἡ Γιουγκοσλαυία ἀποδίδει μεγάλην σημασίαν εἰς τὴν διατήρησιν τῆς εἰρήνης εἰς τὰ Βαλκάνια καὶ εἰς τὴν ἀνάπτυξιν τῶν σχέσεων καλῆς γειτονίας μετὰ ὅλων τῶν γειτόνων της. ΛΟΝΔΙΝΟΝ, 22.—(Ρώυτερ).— Ἐκ πηγῶν καλῶς πληροφορημένων ἀναφέρεται ὅτι ἡ κυβέρνησις παρακολουθεῖ μετὰ προσοχῆς τὰς ἐξελίξεις καὶ ὅτι αἱ συνομιλίαι θὰ συνεχισθοῦν κατὰ τὰς προσεχεῖς ἡμέρας. Ὁ πρωθυπουργὸς ἐδήλωσεν εἰς τοὺς δημοσιογράφους ὅτι ἡ θέσις τῆς κυβερνήσεως παραμένει ἀμετάβλητος καὶ ὅ

Η ΒΟΝΝΗ ΕΠΙΜΕΝΕΙ
ΣΩΝ ΣΚΑΙΙ
ΟΥΔΕΜΙΑ ΠΑΡΑΧΩΡΗΣΙΣ
ΕΝ ΑΠΕΥΧΩΝ ΑΙ ΣΥΝΟΜΙΛΙΑΙ!

ΒΕΛΙΓΡΑΔΙΟΝ, 22.—(Ἀσσ. Πρές.).— Ὁ Γιουγκοσλάβος ὑπουργὸς τῶν Ἐξωτερικῶν κ. Κότσα Πόποβιτς, ἐπιστρέψας ἐκ τῆς ἐπισκέψεώς του εἰς Ἀθήνας, ἐδήλωσεν ὅτι αἱ συνομιλίαι του μετὰ τῶν Ἑλλήνων ἡγετῶν διεξήχθησαν ἐντὸς ἀτμοσφαίρας ἐγκαρδίου φιλίας καὶ ἀμοιβαίας κατανοήσεως. Αἱ ὑπογραφεῖσαι συμφωνίαι σταθεροποιοῦν τὴν στενὴν συνεργασίαν τῶν δύο χωρῶν καὶ ἀνοίγουν νέας προοπτικὰς εἰς τὸν οἰκονομικὸν καὶ πολιτιστικὸν τομέα. Ὁ κ. Πόποβιτς ἐτόνισεν ὅτι ἡ Γιουγκοσλαυία ἀποδίδει μεγάλην σημασίαν εἰς τὴν διατήρησιν τῆς εἰρήνης εἰς τὰ Βαλκάνια καὶ εἰς τὴν ἀνάπτυξιν τῶν σχέσεων καλῆς γειτονίας μετὰ ὅλων τῶν γειτόνων της. ΛΟΝΔΙΝΟΝ, 22.—(Ρώυτερ).— Ἐκ πηγῶν καλῶς πληροφορημένων ἀναφέρεται ὅτι ἡ κυβέρνησις παρακολουθεῖ μετὰ προσοχῆς τὰς ἐξελίξεις καὶ ὅτι αἱ συνομιλίαι θὰ συνεχισθοῦν κατὰ τὰς προσεχεῖς ἡμέρας. Ὁ πρωθυπουργὸς ἐδήλωσεν εἰς τοὺς δημοσιογράφους ὅτι ἡ θέσις τῆς κυβερνήσεως παραμένει ἀμετάβλητος καὶ ὅτι οὐδεμία ἀπόφασις ἐλήφθη εἰσέτι ἐπὶ τοῦ ζητήματος. ΒΟΝΝΗ, 22.—(Ἀσσ. Πρές.).— Κύκλοι τῆς κυβερνήσεως ἐδήλωσαν σήμερον ὅτι ἡ ἀνάδειξις τοῦ νέου προέδρου θὰ γίνῃ εἰς τὸ Δυτικὸν Βερολῖνον συμφώνως πρὸς τὴν ἀπόφασιν τῆς Βουλῆς καὶ ὅτι αἱ διαμαρτυρίαι τῆς Μόσχας δὲν θὰ μεταβάλουν τὴν θέσιν τῆς Ὁμοσπονδιακῆς Δημοκρατίας. ΒΕΛΙΓΡΑΔΙΟΝ, 22.—(Ἀσσ. Πρές.).— Ὁ Γιουγκοσλάβος ὑπουργὸς τῶν Ἐξωτερικῶν κ. Κότσα Πόποβιτς, ἐπιστρέψας ἐκ τῆς ἐπισκέψεώς του εἰς Ἀθήνας, ἐδήλωσεν ὅτι αἱ συνομιλίαι του μετὰ τῶν Ἑλλήνων ἡγετῶν διεξήχθησαν ἐντὸς ἀτμοσφαίρας ἐγκαρδίου φιλίας καὶ ἀμοιβαίας κατανοήσεως. Αἱ ὑπογραφεῖσαι συμφωνίαι σταθεροποιοῦν τὴν στενὴν συνεργασίαν τῶν δύο χωρῶν καὶ ἀνοίγουν νέας προοπτικὰς εἰς τὸν οἰκονομικὸν καὶ πολιτιστικὸν τομέα. Ὁ κ. Πόποβιτς ἐτόνισεν ὅτι ἡ Γιουγκοσλαυία ἀποδίδει μεγάλην σημασίαν εἰς τὴν διατήρησιν τῆς εἰρήνης εἰς τὰ Βαλκάνια καὶ εἰς τὴν ἀνάπτυξιν τῶν σχέσεων καλῆς γειτονίας μ

ΕΙΣ ΧΩΡΙΟΝ ΤΗΣ ΚΡΗΤΗΣ ΑΠΕΚΑΛΥΦΘΗ ΣΕΙΡΑ ΥΣΤΕΡΟΜΙΝΩΙΚΩΝ ΤΑΦΩΝ ΜΕ ΛΙΑΝ ΕΝΔΙΑΦΕΡΟΝΤΑ ΚΤΕΡΙΣΜΑΤΑ

ΒΕΛΙΓΡΑΔΙΟΝ, 22.—(Ἀσσ. Πρές.).— Ὁ Γιουγκοσλάβος ὑπουργὸς τῶν Ἐξωτερικῶν κ. Κότσα Πόποβιτς, ἐπιστρέψας ἐκ τῆς ἐπισκέψεώς του εἰς Ἀθήνας, ἐδήλωσεν ὅτι αἱ συνομιλίαι του μετὰ τῶν Ἑλλήνων ἡγετῶν διεξήχθησαν ἐντὸς ἀτμοσφαίρας ἐγκαρδίου φιλίας καὶ ἀμοιβαίας κατανοήσεως. Αἱ ὑπογραφεῖσαι συμφωνίαι σταθεροποιοῦν τὴν στενὴν συνεργασίαν τῶν δύο χωρῶν καὶ ἀνοίγουν νέας προοπτικὰς εἰς τὸν οἰκονομικὸν καὶ πολιτιστικὸν τομέα. Ὁ κ. Πόποβιτς ἐτόνισεν ὅτι ἡ Γιουγκοσλαυία ἀποδίδει μεγάλην σημασίαν εἰς τὴν διατήρησιν τῆς εἰρήνης εἰς τὰ Βαλκάνια καὶ εἰς τὴν ἀνάπτυξιν τῶν σχέσεων καλῆς γειτονίας μετὰ ὅλων τῶν γειτόνων της. ΛΟΝΔΙΝΟΝ, 22.—(Ρώυτερ).— Ἐκ πηγῶν καλῶς πληροφορημένων ἀναφέρεται ὅτι ἡ κυβέρνησις παρακολουθεῖ μετὰ προσοχῆς τὰς ἐξελίξεις καὶ ὅτι αἱ συνομιλίαι θὰ συνεχισθοῦν κατὰ τὰς προσεχεῖς ἡμέρας. Ὁ πρωθυπουργὸς ἐδήλωσεν εἰς τοὺς δημοσιογράφους ὅτι ἡ θέσις τῆς κυβερνήσεως παραμένει ἀμετάβλητος καὶ ὅ

37 ΕΙΝΑΙ ΟΙ ΝΕΚΡΟΙ ΚΑΙ 33 ΟΙ ΤΡΑΥΜΑΤΙΑΙ ΤΟΥ ΔΥΣΤΥΧΗΜΑΤΟΣ ΤΗΣ ΣΤΟΥΤΓΑΡΔΗΣ
ΕΙΔΙΚΟΝ ΔΙΚΑΣΤΗΡΙΟΝ ΕΙΣ ΤΗΝ ΙΟΡΔΑΝΙΑΝ ΚΑΤΑ ΤΩΝ ΣΥΝΩΜΟΤΩΝ

ΒΕΛΙΓΡΑΔΙΟΝ, 22.—(Ἀσσ. Πρές.).— Ὁ Γιουγκοσλάβος ὑπουργὸς τῶν Ἐξωτερικῶν κ. Κότσα Πόποβιτς, ἐπιστρέψας ἐκ τῆς ἐπισκέψεώς του εἰς Ἀθήνας, ἐδήλωσεν ὅτι αἱ συνομιλίαι του μετὰ τῶν Ἑλλήνων ἡγετῶν διεξήχθησαν ἐντὸς ἀτμοσφαίρας ἐγκαρδίου φιλίας καὶ ἀμοιβαίας κατανοήσεως. Αἱ ὑπογραφεῖσαι συμφωνίαι σταθεροποιοῦν τὴν στενὴν συνεργασίαν τῶν δύο χωρῶν καὶ ἀνοίγουν νέας προοπτικὰς εἰς τὸν οἰκονομικὸν καὶ πολιτιστικὸν τομέα. Ὁ κ. Πόποβιτς ἐτόνισεν ὅτι ἡ Γιουγκοσλαυία ἀποδίδει μεγάλην σημασίαν εἰς τὴν διατήρησιν τῆς εἰρήνης εἰς τὰ Βαλκάνια καὶ εἰς τὴν ἀνάπτυξιν τῶν σχέσεων καλῆς γειτονίας μετὰ ὅλων τῶν γειτό

ΒΑΘΜΟΛΟΓΙΚΗ ΚΑΤΑΣΤΑΣΙΣ ΤΩΝ ΟΜΑΔΩΝ ΕΙΣ ΤΟ ΠΡΩΤΑΘΛΗΜΑ ΤΗΣ ΑΡΓΕΝΤΙΝΗΣ
ΠΑΡΗΤΗΘΗ ΤΗΝ ΝΥΚΤΑ ΚΑΤΟΠΙΝ ΤΕΛΕΣΙΓΡΑΦΟΥ ΤΩΝ ΕΝΟΠΛΩΝ ΔΥΝΑΜΕΩΝ Η ΚΥΒΕΡΝΗΣΙΣ ΤΗΣ ΑΡΓΕΝΤΙΝΗΣ

ΒΕΛΙΓΡΑΔΙΟΝ, 22.—(Ἀσσ. Πρές.).— Ὁ Γιουγκοσλάβος ὑπουργὸς τῶν Ἐξωτερικῶν κ. Κότσα Πόποβιτς, ἐπιστρέψας ἐκ τῆς ἐπισκέψεώς του εἰς Ἀθήνας, ἐδήλωσεν ὅτι αἱ συνομιλίαι του μετὰ τῶν Ἑλλήνων ἡγετῶν διεξήχθησαν ἐντὸς ἀτμοσφαίρας ἐγκαρδίου φιλίας καὶ ἀμοιβαίας κατανοήσεως. Αἱ ὑπογραφεῖσαι συμφωνίαι σταθεροποιοῦν τὴν στενὴν συνεργασίαν τῶν δύο χωρῶν καὶ ἀνοίγουν νέας προοπτικὰς εἰς τὸν οἰκονομικὸν καὶ πολιτιστικὸν τομέα. Ὁ κ. Πόποβιτς ἐτόνισεν ὅτι ἡ Γιουγκοσλαυία ἀποδίδει μεγάλην σημασίαν εἰς τὴν διατήρησιν τῆς εἰρήνης εἰς τὰ Βαλκάνια καὶ εἰς τὴν ἀνάπτυξιν τῶν σχέσεων καλῆς γειτονίας μετὰ ὅλων τῶν γειτόνων της. ΛΟΝΔΙΝΟΝ, 22.—(Ρώυτερ).— Ἐκ πηγῶν καλῶς πληροφορημένων ἀναφέρεται ὅτι ἡ κυβέρνησις παρακολουθεῖ μετὰ προσοχῆς τὰς ἐξελίξεις καὶ ὅτι αἱ συνομιλίαι θὰ συνεχισθοῦν κατὰ τὰς προσεχεῖς ἡμέρας. Ὁ πρωθυπουργὸς ἐδήλωσεν εἰς τοὺς δημοσιογράφους ὅτι ἡ θέσις τῆς κυβερνήσεως παραμένει ἀμετάβλητος καὶ ὅ

Ο κ. ΣΠΑΑΚ ΕΦΘΑΣΕΝ ΕΙΣ ΤΗΝ ΚΩΝΣΤΑΝΤΙΝΟΥΠΟΛΙΝ
ΕΙΣ ΔΗΛΩΣΕΙΣ ΤΟΥ ΕΤΟΝΙΣΕΝ ΟΤΙ ΘΑ ΔΙΕΥΘΕΤΗΘΟΥΝ ΑΙ ΑΝΑΦΥΕΙΣΑΙ ΕΣΧΑΤΩΣ ΕΙΣ ΤΟ ΝΑΤΟ ΔΙΧΟΓΝΩΜΙΑΙ
ΕΠΙ ΖΗΤΗΜΑΤΩΝ ΟΥΣΙΑΣ ΥΠΑΡΧΕΙ ΠΑΝΤΟΤΕ ΕΝΟΤΗΣ
ΚΑΤΕΣΤΡΑΦΗ Ο ΝΕΟΣ ΔΟΡΥΦΟΡΟΣ ΠΥΡΠΟΛΗΘΕΙΣ ΕΙΣ ΤΗΝ ΑΤΜΟΣΦΑΙΡΑΝ

ΒΕΛΙΓΡΑΔΙΟΝ, 22.—(Ἀσσ. Πρές.).— Ὁ Γιουγκοσλάβος ὑπουργὸς τῶν Ἐξωτερικῶν κ. Κότσα Πόποβιτς, ἐπιστρέψας ἐκ τῆς ἐπισκέψεώς του εἰς Ἀθήνας, ἐδήλωσεν ὅτι αἱ συνομιλίαι του μετὰ τῶν Ἑλλήνων ἡγετῶν διεξήχθησαν ἐντὸς ἀτμοσφαίρας ἐγκαρδίου φιλίας καὶ ἀμοιβαίας κατανοήσεως. Αἱ ὑπογραφεῖσαι συμφωνίαι σταθεροποιοῦν τὴν στενὴν συνεργασίαν τῶν δύο χωρῶν καὶ ἀνοίγουν νέας προοπτικὰς εἰς τὸν οἰκονομικὸν καὶ πολιτιστικὸν τομέα. Ὁ κ. Πόποβιτς ἐτόνισεν ὅτι ἡ Γιουγκοσλαυία ἀποδίδει μεγάλην σημασίαν εἰς τὴν διατήρησιν τῆς εἰρήνης εἰς τὰ Βαλκάνια καὶ εἰς τὴν ἀνάπτυξιν τῶν σχέσεων καλῆς γειτονίας μετὰ ὅλων τῶν γειτόνων της. ΛΟΝΔΙΝΟΝ, 22.—(Ρώυτερ).— Ἐκ πηγῶν καλῶς πληροφορημένων ἀναφέρεται ὅτι ἡ κυβέρνησις παρακολουθεῖ μετὰ προσοχῆς τὰς ἐξελίξεις καὶ ὅτι αἱ συνομιλίαι θὰ συνεχισθοῦν κατὰ τὰς προσεχεῖς ἡμέρας. Ὁ πρωθυπουργὸς ἐδήλωσεν εἰς τοὺς δημοσιογράφους ὅτι ἡ θέσις τῆς κυβερνήσεως παραμένει ἀμετάβλητος καὶ ὅτι οὐδεμία ἀπόφασις ἐλήφθη εἰσέτι ἐπὶ τοῦ ζητήματος. ΒΟΝΝΗ, 22.—(Ἀσσ. Πρές.).— Κύκλοι τῆς κυβερνήσεως ἐδήλωσαν σήμερον ὅτι ἡ ἀνάδειξις τοῦ νέου προέδρου θὰ γίνῃ εἰς τὸ Δυτικὸν Βερολῖνον συμφώνως πρὸς τὴν ἀπόφασιν τῆς Βουλῆς καὶ ὅτι αἱ διαμαρτυρίαι τῆς Μόσχας δὲν θὰ μεταβάλουν τὴν θέσιν τῆς Ὁμοσπονδι

ΕΓΙΝΕΝ ΑΡΚΕΤΑ ΝΕΩΤΕΡΟΣ ΧΑΡΙΣ ΕΙΣ ΤΗΝ ΔΙΑ ΔΧΑΗ Ο «ΚΟΚΚΙΝΟΣ ΠΡΥΙΕΡΕΥΣ»

ΒΕΛΙΓΡΑΔΙΟΝ, 22.—(Ἀσσ. Πρές.).— Ὁ Γιουγκοσλάβος ὑπουργὸς τῶν Ἐξωτερικῶν κ. Κότσα Πόποβιτς, ἐπιστρέψας ἐκ τῆς ἐπισκέψεώς του εἰς Ἀθήνας, ἐδήλωσεν ὅτι αἱ συνομιλίαι του μετὰ τῶν Ἑλλήνων ἡγετῶν διεξήχθησαν ἐντὸς ἀτμοσφαίρας ἐγκαρδίου φιλίας καὶ ἀμοιβαίας κατανοήσεως. Αἱ ὑπογραφεῖσαι συμφωνίαι σταθεροποιοῦν τὴν στενὴν συνεργασίαν τῶν δύο χωρῶν καὶ ἀνοίγουν νέας προοπτικὰς εἰς τὸν οἰκονομικὸν καὶ πολιτιστικὸν τομέα. Ὁ κ. Πόποβιτς ἐτόνισεν ὅτι ἡ Γιουγκοσλαυία ἀποδίδει μεγάλην σημασίαν εἰς τὴν διατήρησιν τῆς εἰρήνης εἰς τὰ Βαλκάνια καὶ εἰς τὴν ἀνάπτυξιν τῶν σχέσεων καλῆς γειτονίας μετὰ ὅλων τῶν γειτόνων της. ΛΟΝΔΙΝΟΝ, 22.—(Ρώυτερ).— Ἐκ πηγῶν καλῶς πληροφορημένων ἀναφέρεται ὅτι ἡ κυβέρνησις παρακολουθεῖ μετὰ προσοχῆς τὰς ἐξελίξεις καὶ ὅτι αἱ συνομιλίαι θὰ συνεχισθοῦν κατὰ τὰς προσεχεῖς ἡμέρας. Ὁ π

ΕΙΣ ΤΗΝ ΑΓΚΥΡΑΝ

ΒΕΛΙΓΡΑΔΙΟΝ, 22.—(Ἀσσ. Πρές.).— Ὁ Γιουγκοσλάβος ὑπουργὸς τῶν Ἐξωτερικῶν κ. Κότσα Πόποβιτς, ἐπιστρέψας ἐκ τῆς ἐπισκέψεώς του εἰς Ἀθήνας, ἐδήλωσεν ὅτι αἱ συνομιλίαι του μετὰ τῶν Ἑλλήνων ἡγετῶν διεξήχθησαν ἐντὸς ἀτμοσφαίρας ἐγκαρδίου φιλίας καὶ ἀμοιβαίας κατανοήσεως. Αἱ ὑπογραφεῖσαι συμφωνίαι σταθεροπο

Η ΚΟΙΝΟΒΟΥΛΕΥΤΙΚΗ ΟΜΑΣ ΤΩΝ ΧΡΙΣΤΙΑΝΟΔΗΜΟΚΡΑΤΩΝ ΘΑ ΣΥΖΗΤΗΣΗ ΚΑΙ ΣΗΜΕΡΟΝ ΕΝ ΣΥΝΕΔΡΙΑΣΕΙ ΕΠΙ ΤΗΣ ΔΙΕΝΕΞΕΩΣ ΜΕΤΑΞΥ ΕΡΧΑΡΝΤ ΚΑΙ ΑΝΤΕΝΑΟΥΕΡ
ΕΙΣ ΤΗΝ ΦΥΛΑΚΗΝ ΤΗΣ ΑΣΤΥΝΟΜΙΑΣ ΒΑΓΔΑΤΗΣ ΗΤΟ ΚΟΜΜΟΥΝΙΣΤΗΣ;

ΒΕΛΙΓΡΑΔΙΟΝ, 22.—(Ἀσσ. Πρές.).— Ὁ Γιουγκοσλάβος ὑπουργὸς τῶν Ἐξωτερικῶν κ. Κότσα Πόποβιτς, ἐπιστρέψας ἐκ τῆς ἐπισκέψεώς του εἰς Ἀθήνας, ἐδήλωσεν ὅτι αἱ συνομιλίαι του μετὰ τῶν Ἑλλήνων ἡγετῶν διεξήχθησαν ἐντὸς ἀτμοσφαίρας ἐγκαρδίου φιλίας καὶ ἀμοιβαίας κατανοήσεως. Αἱ ὑπογραφεῖσαι συμφωνίαι σταθεροποιοῦν τὴν στενὴν συνεργασίαν τῶν δύο χωρῶν καὶ ἀνοίγουν νέας προοπτικὰς εἰς τὸν οἰκονομικὸν καὶ πολιτιστικὸν τομέα. Ὁ κ. Πόποβιτς ἐτόνισεν ὅτι ἡ Γιουγκοσλαυία ἀποδίδει μεγάλην σημασίαν εἰς τὴν διατήρησιν τῆς εἰρήνης εἰς τὰ Βαλκάνια καὶ εἰς τὴν ἀνάπτυξιν τῶν σχέσεων καλῆς γειτονίας μετὰ ὅλων τῶν γειτόνων της. ΛΟΝΔΙΝΟΝ, 22.—(Ρώυτερ).— Ἐκ πηγῶν καλῶς πληροφορημένων ἀναφέρεται ὅτι ἡ κυβέρνησις παρακολουθεῖ μετὰ προσοχῆς τὰς ἐξελίξεις καὶ ὅτι αἱ συνομιλίαι θὰ συνεχισθοῦν κατὰ τὰς προσεχεῖς ἡμέρας. Ὁ πρωθυπουργὸς ἐδήλωσεν εἰς τοὺς δημοσιογράφους ὅτι ἡ θέσις τῆς κυβερνήσεως παραμένει ἀμετάβλητος καὶ ὅ

ΕΠΕΣΤΡΕΨΕΝ ΕΙΣ ΡΩΜΗΝ Η ΠΡΙΓΚΗΠΙΣΣΑ ΠΑΟΛΑ

ΒΕΛΙΓΡΑΔΙΟΝ, 22.—(Ἀσσ. Πρές.).— Ὁ Γιουγκοσλάβος ὑπουργὸς τῶν Ἐξωτερικῶν κ. Κότσα Πόποβιτς, ἐπιστρέψας ἐκ τῆς ἐπισκέψεώς του εἰς Ἀθήνας, ἐδήλωσεν ὅτι αἱ συνομιλίαι του μετὰ τῶν Ἑλλήνων ἡγετῶν διεξήχθησαν ἐντὸς ἀτμοσφαίρας ἐγκαρδίου φιλίας καὶ ἀμοιβαίας κατανοήσεως. Αἱ ὑπογραφεῖσαι συμφωνίαι σταθεροποιοῦν τὴν στενὴν συνεργασίαν τῶν δύο χωρῶν καὶ ἀνοίγουν νέας προοπτικὰς εἰς τὸν οἰκονομικὸν καὶ πολιτιστικὸν τομέα. Ὁ κ. Πόποβιτς ἐτόνισεν ὅτι ἡ Γιουγκοσλαυία ἀποδίδει μεγάλην σημασίαν εἰς τὴν διατήρησ

ΘΥΕΛΛΩΔΕΙΣ ΣΥΖΗΤΗΣΕΙΣ ΑΝΑΜΕΝΕΤΑΙ ΝΑ ΔΙΕΞΑΧΘΟΥΝ ΕΙΣ ΤΗΝ ΕΚΤΑΚΤΟΣ ΣΥΓΚΛΗΘΕΙΣΑΝ ΙΑΠΩΝΙΚΗΝ ΒΟΥΛΗΝ
ΑΙ ΙΝΔΙΑΙ ΔΕΝ ΠΡΟΤΙΘΕΝΤΑΙ ΝΑ ΦΕΡΟΥΝ ΕΙΣ ΤΟΝ ΟΗΕ ΤΟ ΖΗΤΗΜΑ ΤΟΥ ΘΙΒΕΤ

ΒΕΛΙΓΡΑΔΙΟΝ, 22.—(Ἀσσ. Πρές.).— Ὁ Γιουγκοσλάβος ὑπουργὸς τῶν Ἐξωτερικῶν κ. Κότσα Πόποβιτς, ἐπιστρέψας ἐκ τῆς ἐπισκέψεώς του εἰς Ἀθήνας, ἐδήλωσεν ὅτι αἱ συνομιλίαι του μετὰ τῶν Ἑλλήνων ἡγετῶν διεξήχθησαν ἐντὸς ἀτμοσφαίρας ἐγκαρδίου φιλίας καὶ ἀμοιβαίας κατανοήσεως. Αἱ ὑπογραφεῖσαι συμφωνίαι σταθεροποιοῦν τὴν στενὴν συνεργασίαν τῶν δύο χωρῶν καὶ ἀνοίγουν νέας προοπτικὰς εἰς τὸν οἰκονομικὸν καὶ πολιτιστικὸν τομέα. Ὁ κ. Πόποβιτς ἐτόνισεν ὅτι ἡ Γιουγκοσλαυία ἀποδίδει μεγάλην σημασίαν εἰς τὴν διατήρησιν τῆς εἰρήνης εἰς τὰ Βαλκάνια καὶ εἰς τὴν ἀνάπτυξιν τῶν σχέσεων καλῆς γειτονίας μετὰ ὅλων τῶν γειτόνων της. ΛΟΝΔΙΝΟΝ, 22.—(Ρώυτερ).— Ἐκ πηγῶν καλῶς πληροφορημένων ἀναφέρεται ὅτι ἡ κυβέρνησις παρακολουθεῖ μετὰ προσοχῆς τὰς ἐξελίξεις καὶ ὅτι αἱ συνομιλίαι θὰ συνεχισθοῦν κατὰ τὰς προσεχεῖς ἡμέρας. Ὁ πρωθυπουργὸς ἐδήλωσεν εἰς τοὺς δημοσιογράφους ὅτι ἡ θέσις τῆς κυβερνήσεως παραμένει ἀμετάβλητος καὶ ὅτι οὐδεμία ἀπόφασις ἐλήφθη εἰσέτι ἐπὶ τοῦ ζητήματος. ΒΟΝΝΗ, 22.—(Ἀσσ. Πρές.).— Κύκλοι τῆς κυβερνήσεως ἐδήλωσαν σήμερον ὅτι ἡ ἀνάδειξις τοῦ νέου προέδρου θὰ γίνῃ εἰς τὸ Δυτικὸν Βερολῖνον συμφώνως πρὸς τὴν ἀπόφασιν τῆς Βουλῆς καὶ ὅτι αἱ διαμαρτυρίαι τῆς Μόσχας δὲν θὰ μεταβάλουν τὴν θέσιν τῆς Ὁμοσπονδιακῆς Δημοκρατίας. ΒΕΛΙΓΡΑΔΙΟΝ, 22.—(Ἀσσ. Πρές.).— Ὁ Γιουγκοσλάβος ὑπουργὸς τῶν Ἐξωτερικῶν κ. Κότσα Π

Ο κ. ΛΗ ΜΕΣΟΛΑΒΕΙ ΜΕΤΑΞΥ ΙΤΑΛΙΑΣ ΚΑΙ ΑΙΘΙΟΠΙΑΣ ΕΙΣ ΤΟΝ ΚΑΘΟΡΙΣΜΟΝ ΤΩΝ ΣΥΝΟΡΩΝ ΤΗΣ ΣΟΜΑΛΙΑΣ
ΔΙΑΡΡΗΞΙΣ ΚΑΘΗΝΗΤΗΣ ΤΟΥ ΑΝΑΤ. ΒΕΡΟΛΙΝΟΥ ΚΑΤΕΦΥΓΕΝ ΕΙΣ ΤΗΝ ΔΥΣΙΝ

ΒΕΛΙΓΡΑΔΙΟΝ, 22.—(Ἀσσ. Πρές.).— Ὁ Γιουγκοσλάβος ὑπουργὸς τῶν Ἐξωτερικῶν κ. Κότσα Πόποβιτς, ἐπιστρέψας ἐκ τῆς ἐπισκέψεώς του εἰς Ἀθήνας, ἐδήλωσεν ὅτι αἱ συνομιλίαι του μετὰ τῶν Ἑλλήνων ἡγετῶν διεξήχθησαν ἐντὸς ἀτμοσφαίρας ἐγκαρδίου φιλίας καὶ ἀμοιβαίας κατανοήσεως. Αἱ ὑπογραφεῖσαι συμφωνίαι σταθεροποιοῦν τὴν στενὴν συνεργασίαν τῶν δύο χωρῶν καὶ ἀνοίγουν νέας προοπτικὰς εἰς τὸν οἰκονομικὸν καὶ πολιτιστικὸν τομέα. Ὁ κ. Πόποβιτς ἐτόνισεν ὅτι ἡ Γιουγκοσλαυία ἀποδίδει μεγάλην σημασίαν εἰς τὴν διατήρησιν τῆς εἰρήνης εἰς τὰ Βαλκάνια καὶ εἰς τὴν ἀνάπτυξιν τῶν σχέσεων καλῆς γειτονίας μετὰ ὅλων τῶν γειτόνων της. ΛΟΝΔΙΝΟΝ, 22.—(Ρώυτερ).— Ἐκ πηγῶν καλῶς πληροφορημένων ἀναφέρεται ὅτι ἡ κυβέρνησις παρακολουθεῖ μετὰ προσοχῆς τὰς ἐξελίξεις καὶ ὅτι αἱ συνομιλίαι θὰ συνεχισθοῦν κατὰ τὰς προσεχεῖς ἡμέρας. Ὁ πρωθυπουργὸς ἐδήλωσεν εἰς τοὺς δημοσιογράφους ὅτι ἡ θέσις τῆς κυβερνήσεως παραμένει ἀμετάβλητος καὶ ὅτι οὐδεμία ἀπόφασις ἐλήφθη εἰσέτι ἐπὶ τοῦ ζητήματος. ΒΟΝΝΗ, 22.—(Ἀσσ. Πρές.).— Κύκλοι τῆς κυβερνήσεως ἐδήλωσαν σήμερον ὅτι ἡ ἀνάδειξις τοῦ νέου προέδρου θὰ γίνῃ εἰς τὸ Δυτικὸν Βερολῖνον συμφώνως πρὸς

ΤΟΝ ΟΚΤΩΒΡΙΟΝ ΜΑΛΛΟΝ ΘΑ ΔΙΕΝΕΡΓΗΘΟΥΝ ΑΙ ΒΟΥΛΕΥΤΙΚΑΙ ΕΚΛΟΓΑΙ ΕΙΣ ΜΕΓ. ΒΡΕΤΑΝΝΙΑΝ
ΑΙ ΒΙΟΜΗΧΑΝΙΑΙ ΤΟΜΑΤΟΠΟΛΟΥ

ΒΕΛΙΓΡΑΔΙΟΝ, 22.—(Ἀσσ. Πρές.).— Ὁ Γιουγκοσλάβος ὑπουργὸς τῶν Ἐξωτερικῶν κ. Κότσα Πόποβιτς, ἐπιστρέψας ἐκ τῆς ἐπισκέψεώς του εἰς Ἀθήνας, ἐδήλωσεν ὅτι αἱ συνομιλίαι του μετὰ τῶν Ἑλλήνων ἡγετῶν διεξήχθησαν ἐντὸς ἀτμοσφαίρας ἐγκαρδίου φιλίας καὶ ἀμοιβαίας κατανοήσεως. Αἱ ὑπογραφεῖσαι συμφωνίαι σταθεροποιοῦν τὴν στενὴν συνεργασίαν τῶν δύο χωρῶν καὶ ἀνοίγουν νέας προοπτικὰς εἰς τὸν οἰκονομικὸν καὶ πολιτιστικὸν τομέα. Ὁ κ. Πόποβιτς ἐτόνισεν ὅτι ἡ Γιουγκοσλαυία ἀποδίδει μεγάλην σημασίαν εἰς τὴν διατήρησιν τῆς εἰρήνης εἰς τὰ Βαλκάνια καὶ εἰς τὴν ἀνάπτυξιν τῶν σχέσεων καλῆς γειτονίας μετὰ ὅλων τῶν γειτόνων της. ΛΟΝΔΙΝΟΝ, 22.—(Ρώυτερ).— Ἐκ πηγῶν καλῶς πληροφορημένων ἀναφέρεται ὅτι ἡ κυβέρνησις παρακολο

Ο ΠΕΡΟΝ ΣΥΜΒΟΥΛΟΣ ΤΟΥ ΤΡΟΥΧΙΛΛΟ;

ΒΕΛΙΓΡΑΔΙΟΝ, 22.—(Ἀσσ. Πρές.).— Ὁ Γιουγκοσλάβος ὑπουργὸς τῶν Ἐξωτερικῶν κ. Κότσα Πόποβιτς, ἐπιστρέψας ἐκ τῆς ἐπισκέψεώς του εἰς Ἀθήνας, ἐδήλωσεν ὅτι αἱ συνομιλίαι του μετὰ τῶν Ἑλλήνων ἡγετῶν διεξήχθησαν ἐντὸς ἀτμοσφαίρας ἐγκαρδίου φιλίας καὶ ἀμοιβαίας κατανοήσεως. Αἱ ὑπογραφεῖσαι συμφωνίαι σταθεροποιοῦν τὴν στενὴν συνεργασίαν τῶν δύο χωρῶν καὶ ἀνοίγουν νέας προοπτικὰς εἰς τὸν οἰκονομικὸν καὶ πολιτιστικὸν τομέα. Ὁ κ. Πόποβιτς ἐτόνισεν ὅτι ἡ Γιουγκοσλαυία ἀποδίδει μεγάλην σημασίαν εἰς τὴν διατήρησ

ΟΙ ΤΟΥΡΚΟΙ ΕΡΡΙΨΑΝ ΒΡΟΧΗΝ ΣΦΑΙΡΩΝ ΕΝΑΝΤΙΟΝ ΔΥΟ ΕΛΛΗΝΙΚΩΝ ΑΛΙΕΥΤΙΚΩΝ
ΤΟ ΕΝ ΕΞ ΑΥΤΩΝ ΚΑΤΩΡΘΩΣΕ ΝΑ ΔΙΑΦΥΓΗ ΤΟ ΠΛΗΡΩΜΑ ΟΜΩΣ ΤΟΥ ΑΛΛΟΥ ΣΥΝΕΛΗΦΘΗ

ΒΕΛΙΓΡΑΔΙΟΝ, 22.—(Ἀσσ. Πρές.).— Ὁ Γιουγκοσλάβος ὑπουργὸς τῶν Ἐξωτερικῶν κ. Κότσα Πόποβιτς, ἐπιστρέψας ἐκ τῆς ἐπισκέψεώς του εἰς Ἀθήνας, ἐδήλωσεν ὅτι αἱ συνομιλίαι του μετὰ τῶν Ἑλλήνων ἡγετῶν διεξήχθησαν ἐντὸς ἀτμοσφαίρας ἐγκαρδίου φιλίας καὶ ἀμοιβαίας κατανοήσεως. Αἱ ὑπογραφεῖσαι συμφωνίαι σταθεροποιοῦν τὴν στενὴν συνεργασίαν τῶν δύο χωρῶν καὶ ἀνοίγουν νέας προοπτικὰς εἰς τὸν οἰκονομικὸν καὶ πολιτιστικὸν τομέα. Ὁ κ. Πόποβιτς ἐτόνισεν ὅτι ἡ Γιουγκοσλαυία ἀποδίδει μεγάλην σημασίαν εἰς τὴν διατήρησιν τῆς εἰρήνης εἰς τὰ Βαλκάνια καὶ εἰς τὴν ἀνάπτυξιν τῶν σχέσεων καλῆς γειτονίας μετὰ ὅλων τῶν γειτόνων της. ΛΟΝΔΙΝΟΝ, 22.—(Ρώυτερ).— Ἐκ πηγῶν καλῶς πληροφορημένων ἀναφέρεται ὅτι ἡ κυβέρνησις παρακολουθεῖ μετὰ προσοχῆς τὰς ἐξελίξεις καὶ ὅτι αἱ συνομιλίαι θὰ συνεχισθοῦν κατὰ τὰς προσεχεῖς ἡμέρας. Ὁ πρωθυπουργὸς ἐδήλωσεν εἰς τοὺς δημοσιογράφους ὅτι ἡ θέσις τῆς κυβερνήσεως παραμένει ἀμετάβλητος καὶ ὅ
